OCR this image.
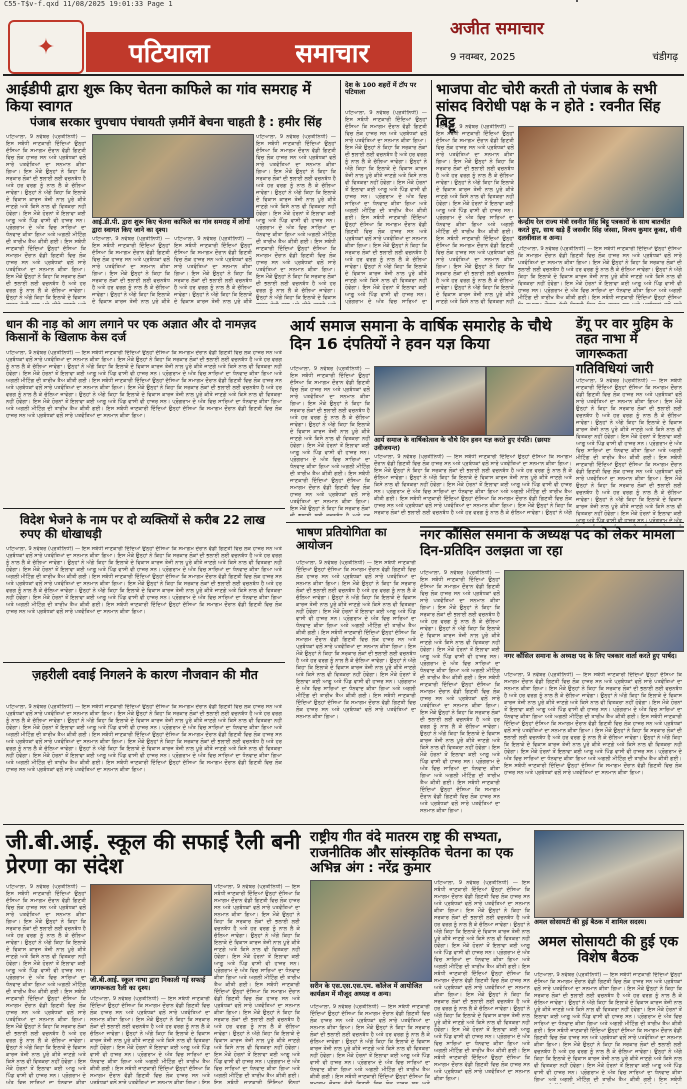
C55-T$v-f.qxd 11/08/2025 19:01:33 Page 1
✦	पटियाला	समाचार
अजीत समाचार
9 नवम्बर, 2025	चंडीगढ़
आईडीपी द्वारा शुरू किए चेतना काफिले का गांव समराह में किया स्वागत
पंजाब सरकार चुपचाप पंचायती ज़मीनें बेचना चाहती है : हमीर सिंह
ਪਟਿਆਲਾ, 9 ਨਵੰਬਰ (ਪ੍ਰਤੀਨਿਧੀ) — ਇਸ ਸਬੰਧੀ ਜਾਣਕਾਰੀ ਦਿੰਦਿਆਂ ਉਨ੍ਹਾਂ ਦੱਸਿਆ ਕਿ ਸਮਾਗਮ ਦੌਰਾਨ ਵੱਡੀ ਗਿਣਤੀ ਵਿਚ ਲੋਕ ਹਾਜ਼ਰ ਸਨ ਅਤੇ ਪ੍ਰਬੰਧਕਾਂ ਵਲੋਂ ਸਾਰੇ ਪਤਵੰਤਿਆਂ ਦਾ ਸਨਮਾਨ ਕੀਤਾ ਗਿਆ। ਇਸ ਮੌਕੇ ਉਨ੍ਹਾਂ ਨੇ ਕਿਹਾ ਕਿ ਸਰਕਾਰ ਲੋਕਾਂ ਦੀ ਭਲਾਈ ਲਈ ਵਚਨਬੱਧ ਹੈ ਅਤੇ ਹਰ ਵਰਗ ਨੂੰ ਨਾਲ ਲੈ ਕੇ ਚੱਲਿਆ ਜਾਵੇਗਾ। ਉਨ੍ਹਾਂ ਨੇ ਅੱਗੇ ਕਿਹਾ ਕਿ ਇਲਾਕੇ ਦੇ ਵਿਕਾਸ ਕਾਰਜ ਤੇਜ਼ੀ ਨਾਲ ਪੂਰੇ ਕੀਤੇ ਜਾਣਗੇ ਅਤੇ ਕਿਸੇ ਨਾਲ ਵੀ ਵਿਤਕਰਾ ਨਹੀਂ ਹੋਵੇਗਾ। ਇਸ ਮੌਕੇ ਹੋਰਨਾਂ ਤੋਂ ਇਲਾਵਾ ਕਈ ਆਗੂ ਅਤੇ ਪਿੰਡ ਵਾਸੀ ਵੀ ਹਾਜ਼ਰ ਸਨ। ਪ੍ਰੋਗਰਾਮ ਦੇ ਅੰਤ ਵਿਚ ਸਾਰਿਆਂ ਦਾ ਧੰਨਵਾਦ ਕੀਤਾ ਗਿਆ ਅਤੇ ਅਗਲੀ ਮੀਟਿੰਗ ਦੀ ਤਾਰੀਖ ਤੈਅ ਕੀਤੀ ਗਈ। ਇਸ ਸਬੰਧੀ ਜਾਣਕਾਰੀ ਦਿੰਦਿਆਂ ਉਨ੍ਹਾਂ ਦੱਸਿਆ ਕਿ ਸਮਾਗਮ ਦੌਰਾਨ ਵੱਡੀ ਗਿਣਤੀ ਵਿਚ ਲੋਕ ਹਾਜ਼ਰ ਸਨ ਅਤੇ ਪ੍ਰਬੰਧਕਾਂ ਵਲੋਂ ਸਾਰੇ ਪਤਵੰਤਿਆਂ ਦਾ ਸਨਮਾਨ ਕੀਤਾ ਗਿਆ। ਇਸ ਮੌਕੇ ਉਨ੍ਹਾਂ ਨੇ ਕਿਹਾ ਕਿ ਸਰਕਾਰ ਲੋਕਾਂ ਦੀ ਭਲਾਈ ਲਈ ਵਚਨਬੱਧ ਹੈ ਅਤੇ ਹਰ ਵਰਗ ਨੂੰ ਨਾਲ ਲੈ ਕੇ ਚੱਲਿਆ ਜਾਵੇਗਾ। ਉਨ੍ਹਾਂ ਨੇ ਅੱਗੇ ਕਿਹਾ ਕਿ ਇਲਾਕੇ ਦੇ ਵਿਕਾਸ ਕਾਰਜ ਤੇਜ਼ੀ ਨਾਲ ਪੂਰੇ ਕੀਤੇ ਜਾਣਗੇ ਅਤੇ ਕਿਸੇ ਨਾਲ ਵੀ ਵਿਤਕਰਾ ਨਹੀਂ ਹੋਵੇਗਾ। ਇਸ ਮੌਕੇ ਹੋਰਨਾਂ ਤੋਂ ਇਲਾਵਾ ਕਈ ਆਗੂ ਅਤੇ ਪਿੰਡ ਵਾਸੀ ਵੀ ਹਾਜ਼ਰ ਸਨ। ਪ੍ਰੋਗਰਾਮ ਦੇ ਅੰਤ ਵਿਚ ਸਾਰਿਆਂ ਦਾ ਧੰਨਵਾਦ ਕੀਤਾ ਗਿਆ ਅਤੇ ਅਗਲੀ ਮੀਟਿੰਗ ਦੀ ਤਾਰੀਖ ਤੈਅ ਕੀਤੀ ਗਈ। ਇਸ ਸਬੰਧੀ ਜਾਣਕਾਰੀ ਦਿੰਦਿਆਂ ਉਨ੍ਹਾਂ ਦੱਸਿਆ ਕਿ ਸਮਾਗਮ ਦੌਰਾਨ ਵੱਡੀ ਗਿਣਤੀ ਵਿਚ ਲੋਕ ਹਾਜ਼ਰ ਸਨ ਅਤੇ ਪ੍ਰਬੰਧਕਾਂ ਵਲੋਂ ਸਾਰੇ ਪਤਵੰਤਿਆਂ ਦਾ ਸਨਮਾਨ ਕੀਤਾ ਗਿਆ।
आई.डी.पी. द्वारा शुरू किए चेतना काफिले का गांव समराह में लोगों द्वारा स्वागत किए जाने का दृश्य।
ਪਟਿਆਲਾ, 9 ਨਵੰਬਰ (ਪ੍ਰਤੀਨਿਧੀ) — ਇਸ ਸਬੰਧੀ ਜਾਣਕਾਰੀ ਦਿੰਦਿਆਂ ਉਨ੍ਹਾਂ ਦੱਸਿਆ ਕਿ ਸਮਾਗਮ ਦੌਰਾਨ ਵੱਡੀ ਗਿਣਤੀ ਵਿਚ ਲੋਕ ਹਾਜ਼ਰ ਸਨ ਅਤੇ ਪ੍ਰਬੰਧਕਾਂ ਵਲੋਂ ਸਾਰੇ ਪਤਵੰਤਿਆਂ ਦਾ ਸਨਮਾਨ ਕੀਤਾ ਗਿਆ। ਇਸ ਮੌਕੇ ਉਨ੍ਹਾਂ ਨੇ ਕਿਹਾ ਕਿ ਸਰਕਾਰ ਲੋਕਾਂ ਦੀ ਭਲਾਈ ਲਈ ਵਚਨਬੱਧ ਹੈ ਅਤੇ ਹਰ ਵਰਗ ਨੂੰ ਨਾਲ ਲੈ ਕੇ ਚੱਲਿਆ ਜਾਵੇਗਾ। ਉਨ੍ਹਾਂ ਨੇ ਅੱਗੇ ਕਿਹਾ ਕਿ ਇਲਾਕੇ ਦੇ ਵਿਕਾਸ ਕਾਰਜ ਤੇਜ਼ੀ ਨਾਲ ਪੂਰੇ ਕੀਤੇ ਜਾਣਗੇ ਅਤੇ ਕਿਸੇ ਨਾਲ ਵੀ ਵਿਤਕਰਾ ਨਹੀਂ ਹੋਵੇਗਾ। ਇਸ ਮੌਕੇ ਹੋਰਨਾਂ ਤੋਂ ਇਲਾਵਾ ਕਈ ਆਗੂ ਅਤੇ ਪਿੰਡ ਵਾਸੀ ਵੀ ਹਾਜ਼ਰ ਸਨ। ਪ੍ਰੋਗਰਾਮ ਦੇ ਅੰਤ ਵਿਚ ਸਾਰਿਆਂ ਦਾ ਧੰਨਵਾਦ ਕੀਤਾ ਗਿਆ ਅਤੇ ਅਗਲੀ ਮੀਟਿੰਗ ਦੀ ਤਾਰੀਖ ਤੈਅ ਕੀਤੀ ਗਈ। ਇਸ ਸਬੰਧੀ ਜਾਣਕਾਰੀ ਦਿੰਦਿਆਂ ਉਨ੍ਹਾਂ ਦੱਸਿਆ ਕਿ ਸਮਾਗਮ ਦੌਰਾਨ ਵੱਡੀ ਗਿਣਤੀ ਵਿਚ ਲੋਕ ਹਾਜ਼ਰ ਸਨ ਅਤੇ ਪ੍ਰਬੰਧਕਾਂ ਵਲੋਂ ਸਾਰੇ ਪਤਵੰਤਿਆਂ ਦਾ ਸਨਮਾਨ ਕੀਤਾ ਗਿਆ। ਇਸ ਮੌਕੇ ਉਨ੍ਹਾਂ ਨੇ ਕਿਹਾ ਕਿ ਸਰਕਾਰ ਲੋਕਾਂ ਦੀ ਭਲਾਈ ਲਈ ਵਚਨਬੱਧ ਹੈ ਅਤੇ ਹਰ ਵਰਗ ਨੂੰ ਨਾਲ ਲੈ ਕੇ ਚੱਲਿਆ ਜਾਵੇਗਾ। ਉਨ੍ਹਾਂ ਨੇ ਅੱਗੇ ਕਿਹਾ ਕਿ ਇਲਾਕੇ ਦੇ ਵਿਕਾਸ ਕਾਰਜ ਤੇਜ਼ੀ ਨਾਲ ਪੂਰੇ ਕੀਤੇ ਜਾਣਗੇ ਅਤੇ ਕਿਸੇ ਨਾਲ ਵੀ ਵਿਤਕਰਾ ਨਹੀਂ ਹੋਵੇਗਾ। ਇਸ ਮੌਕੇ ਹੋਰਨਾਂ ਤੋਂ ਇਲਾਵਾ ਕਈ ਆਗੂ ਅਤੇ ਪਿੰਡ ਵਾਸੀ ਵੀ ਹਾਜ਼ਰ ਸਨ। ਪ੍ਰੋਗਰਾਮ ਦੇ ਅੰਤ ਵਿਚ ਸਾਰਿਆਂ ਦਾ ਧੰਨਵਾਦ ਕੀਤਾ ਗਿਆ ਅਤੇ ਅਗਲੀ ਮੀਟਿੰਗ ਦੀ ਤਾਰੀਖ ਤੈਅ ਕੀਤੀ ਗਈ। ਇਸ ਸਬੰਧੀ ਜਾਣਕਾਰੀ ਦਿੰਦਿਆਂ ਉਨ੍ਹਾਂ ਦੱਸਿਆ ਕਿ ਸਮਾਗਮ ਦੌਰਾਨ ਵੱਡੀ ਗਿਣਤੀ ਵਿਚ ਲੋਕ ਹਾਜ਼ਰ ਸਨ ਅਤੇ ਪ੍ਰਬੰਧਕਾਂ ਵਲੋਂ ਸਾਰੇ ਪਤਵੰਤਿਆਂ ਦਾ ਸਨਮਾਨ ਕੀਤਾ ਗਿਆ।
ਪਟਿਆਲਾ, 9 ਨਵੰਬਰ (ਪ੍ਰਤੀਨਿਧੀ) — ਇਸ ਸਬੰਧੀ ਜਾਣਕਾਰੀ ਦਿੰਦਿਆਂ ਉਨ੍ਹਾਂ ਦੱਸਿਆ ਕਿ ਸਮਾਗਮ ਦੌਰਾਨ ਵੱਡੀ ਗਿਣਤੀ ਵਿਚ ਲੋਕ ਹਾਜ਼ਰ ਸਨ ਅਤੇ ਪ੍ਰਬੰਧਕਾਂ ਵਲੋਂ ਸਾਰੇ ਪਤਵੰਤਿਆਂ ਦਾ ਸਨਮਾਨ ਕੀਤਾ ਗਿਆ। ਇਸ ਮੌਕੇ ਉਨ੍ਹਾਂ ਨੇ ਕਿਹਾ ਕਿ ਸਰਕਾਰ ਲੋਕਾਂ ਦੀ ਭਲਾਈ ਲਈ ਵਚਨਬੱਧ ਹੈ ਅਤੇ ਹਰ ਵਰਗ ਨੂੰ ਨਾਲ ਲੈ ਕੇ ਚੱਲਿਆ ਜਾਵੇਗਾ। ਉਨ੍ਹਾਂ ਨੇ ਅੱਗੇ ਕਿਹਾ ਕਿ ਇਲਾਕੇ ਦੇ ਵਿਕਾਸ ਕਾਰਜ ਤੇਜ਼ੀ ਨਾਲ ਪੂਰੇ ਕੀਤੇ ਜਾਣਗੇ ਅਤੇ ਕਿਸੇ ਨਾਲ ਵੀ ਵਿਤਕਰਾ ਨਹੀਂ ਹੋਵੇਗਾ। ਇਸ ਮੌਕੇ ਹੋਰਨਾਂ ਤੋਂ ਇਲਾਵਾ ਕਈ ਆਗੂ ਅਤੇ ਪਿੰਡ ਵਾਸੀ ਵੀ ਹਾਜ਼ਰ ਸਨ। ਪ੍ਰੋਗਰਾਮ ਦੇ ਅੰਤ ਵਿਚ ਸਾਰਿਆਂ ਦਾ ਧੰਨਵਾਦ ਕੀਤਾ ਗਿਆ ਅਤੇ ਅਗਲੀ ਮੀਟਿੰਗ ਦੀ ਤਾਰੀਖ ਤੈਅ ਕੀਤੀ ਗਈ। ਇਸ ਸਬੰਧੀ ਜਾਣਕਾਰੀ ਦਿੰਦਿਆਂ ਉਨ੍ਹਾਂ ਦੱਸਿਆ ਕਿ ਸਮਾਗਮ ਦੌਰਾਨ ਵੱਡੀ ਗਿਣਤੀ ਵਿਚ ਲੋਕ ਹਾਜ਼ਰ ਸਨ ਅਤੇ ਪ੍ਰਬੰਧਕਾਂ ਵਲੋਂ ਸਾਰੇ ਪਤਵੰਤਿਆਂ ਦਾ ਸਨਮਾਨ ਕੀਤਾ ਗਿਆ। ਇਸ ਮੌਕੇ ਉਨ੍ਹਾਂ ਨੇ ਕਿਹਾ ਕਿ ਸਰਕਾਰ ਲੋਕਾਂ ਦੀ ਭਲਾਈ ਲਈ ਵਚਨਬੱਧ ਹੈ ਅਤੇ ਹਰ ਵਰਗ ਨੂੰ ਨਾਲ ਲੈ ਕੇ ਚੱਲਿਆ ਜਾਵੇਗਾ। ਉਨ੍ਹਾਂ ਨੇ ਅੱਗੇ ਕਿਹਾ ਕਿ ਇਲਾਕੇ ਦੇ ਵਿਕਾਸ ਕਾਰਜ ਤੇਜ਼ੀ ਨਾਲ ਪੂਰੇ ਕੀਤੇ ਜਾਣਗੇ ਅਤੇ ਕਿਸੇ ਨਾਲ ਵੀ ਵਿਤਕਰਾ ਨਹੀਂ ਹੋਵੇਗਾ। ਇਸ ਮੌਕੇ ਹੋਰਨਾਂ ਤੋਂ ਇਲਾਵਾ ਕਈ ਆਗੂ ਅਤੇ ਪਿੰਡ ਵਾਸੀ ਵੀ ਹਾਜ਼ਰ ਸਨ। ਪ੍ਰੋਗਰਾਮ ਦੇ ਅੰਤ ਵਿਚ ਸਾਰਿਆਂ ਦਾ ਧੰਨਵਾਦ ਕੀਤਾ ਗਿਆ ਅਤੇ ਅਗਲੀ ਮੀਟਿੰਗ ਦੀ ਤਾਰੀਖ ਤੈਅ ਕੀਤੀ ਗਈ। ਇਸ ਸਬੰਧੀ ਜਾਣਕਾਰੀ ਦਿੰਦਿਆਂ ਉਨ੍ਹਾਂ ਦੱਸਿਆ ਕਿ ਸਮਾਗਮ ਦੌਰਾਨ ਵੱਡੀ ਗਿਣਤੀ ਵਿਚ ਲੋਕ ਹਾਜ਼ਰ ਸਨ ਅਤੇ ਪ੍ਰਬੰਧਕਾਂ ਵਲੋਂ ਸਾਰੇ ਪਤਵੰਤਿਆਂ ਦਾ ਸਨਮਾਨ ਕੀਤਾ ਗਿਆ।
ਪਟਿਆਲਾ, 9 ਨਵੰਬਰ (ਪ੍ਰਤੀਨਿਧੀ) — ਇਸ ਸਬੰਧੀ ਜਾਣਕਾਰੀ ਦਿੰਦਿਆਂ ਉਨ੍ਹਾਂ ਦੱਸਿਆ ਕਿ ਸਮਾਗਮ ਦੌਰਾਨ ਵੱਡੀ ਗਿਣਤੀ ਵਿਚ ਲੋਕ ਹਾਜ਼ਰ ਸਨ ਅਤੇ ਪ੍ਰਬੰਧਕਾਂ ਵਲੋਂ ਸਾਰੇ ਪਤਵੰਤਿਆਂ ਦਾ ਸਨਮਾਨ ਕੀਤਾ ਗਿਆ। ਇਸ ਮੌਕੇ ਉਨ੍ਹਾਂ ਨੇ ਕਿਹਾ ਕਿ ਸਰਕਾਰ ਲੋਕਾਂ ਦੀ ਭਲਾਈ ਲਈ ਵਚਨਬੱਧ ਹੈ ਅਤੇ ਹਰ ਵਰਗ ਨੂੰ ਨਾਲ ਲੈ ਕੇ ਚੱਲਿਆ ਜਾਵੇਗਾ। ਉਨ੍ਹਾਂ ਨੇ ਅੱਗੇ ਕਿਹਾ ਕਿ ਇਲਾਕੇ ਦੇ ਵਿਕਾਸ ਕਾਰਜ ਤੇਜ਼ੀ ਨਾਲ ਪੂਰੇ ਕੀਤੇ ਜਾਣਗੇ ਅਤੇ ਕਿਸੇ ਨਾਲ ਵੀ ਵਿਤਕਰਾ ਨਹੀਂ ਹੋਵੇਗਾ। ਇਸ ਮੌਕੇ ਹੋਰਨਾਂ ਤੋਂ ਇਲਾਵਾ ਕਈ ਆਗੂ ਅਤੇ ਪਿੰਡ ਵਾਸੀ ਵੀ ਹਾਜ਼ਰ ਸਨ। ਪ੍ਰੋਗਰਾਮ ਦੇ ਅੰਤ ਵਿਚ ਸਾਰਿਆਂ ਦਾ ਧੰਨਵਾਦ ਕੀਤਾ ਗਿਆ ਅਤੇ ਅਗਲੀ ਮੀਟਿੰਗ ਦੀ ਤਾਰੀਖ ਤੈਅ ਕੀਤੀ ਗਈ। ਇਸ ਸਬੰਧੀ ਜਾਣਕਾਰੀ ਦਿੰਦਿਆਂ ਉਨ੍ਹਾਂ ਦੱਸਿਆ ਕਿ ਸਮਾਗਮ ਦੌਰਾਨ ਵੱਡੀ ਗਿਣਤੀ ਵਿਚ ਲੋਕ ਹਾਜ਼ਰ ਸਨ ਅਤੇ ਪ੍ਰਬੰਧਕਾਂ ਵਲੋਂ ਸਾਰੇ ਪਤਵੰਤਿਆਂ ਦਾ ਸਨਮਾਨ ਕੀਤਾ ਗਿਆ। ਇਸ ਮੌਕੇ ਉਨ੍ਹਾਂ ਨੇ ਕਿਹਾ ਕਿ ਸਰਕਾਰ ਲੋਕਾਂ ਦੀ ਭਲਾਈ ਲਈ ਵਚਨਬੱਧ ਹੈ ਅਤੇ ਹਰ ਵਰਗ ਨੂੰ ਨਾਲ ਲੈ ਕੇ ਚੱਲਿਆ ਜਾਵੇਗਾ। ਉਨ੍ਹਾਂ ਨੇ ਅੱਗੇ ਕਿਹਾ ਕਿ ਇਲਾਕੇ ਦੇ ਵਿਕਾਸ ਕਾਰਜ ਤੇਜ਼ੀ ਨਾਲ ਪੂਰੇ ਕੀਤੇ ਜਾਣਗੇ ਅਤੇ ਕਿਸੇ ਨਾਲ ਵੀ ਵਿਤਕਰਾ ਨਹੀਂ ਹੋਵੇਗਾ। ਇਸ ਮੌਕੇ ਹੋਰਨਾਂ ਤੋਂ ਇਲਾਵਾ ਕਈ ਆਗੂ ਅਤੇ ਪਿੰਡ ਵਾਸੀ ਵੀ ਹਾਜ਼ਰ ਸਨ। ਪ੍ਰੋਗਰਾਮ ਦੇ ਅੰਤ ਵਿਚ ਸਾਰਿਆਂ ਦਾ ਧੰਨਵਾਦ ਕੀਤਾ ਗਿਆ ਅਤੇ ਅਗਲੀ ਮੀਟਿੰਗ ਦੀ ਤਾਰੀਖ ਤੈਅ ਕੀਤੀ ਗਈ। ਇਸ ਸਬੰਧੀ ਜਾਣਕਾਰੀ ਦਿੰਦਿਆਂ ਉਨ੍ਹਾਂ ਦੱਸਿਆ ਕਿ ਸਮਾਗਮ ਦੌਰਾਨ ਵੱਡੀ ਗਿਣਤੀ ਵਿਚ ਲੋਕ ਹਾਜ਼ਰ ਸਨ ਅਤੇ ਪ੍ਰਬੰਧਕਾਂ ਵਲੋਂ ਸਾਰੇ ਪਤਵੰਤਿਆਂ ਦਾ ਸਨਮਾਨ ਕੀਤਾ ਗਿਆ।
देश के 100 शहरों में टॉप पर पटियाला
ਪਟਿਆਲਾ, 9 ਨਵੰਬਰ (ਪ੍ਰਤੀਨਿਧੀ) — ਇਸ ਸਬੰਧੀ ਜਾਣਕਾਰੀ ਦਿੰਦਿਆਂ ਉਨ੍ਹਾਂ ਦੱਸਿਆ ਕਿ ਸਮਾਗਮ ਦੌਰਾਨ ਵੱਡੀ ਗਿਣਤੀ ਵਿਚ ਲੋਕ ਹਾਜ਼ਰ ਸਨ ਅਤੇ ਪ੍ਰਬੰਧਕਾਂ ਵਲੋਂ ਸਾਰੇ ਪਤਵੰਤਿਆਂ ਦਾ ਸਨਮਾਨ ਕੀਤਾ ਗਿਆ। ਇਸ ਮੌਕੇ ਉਨ੍ਹਾਂ ਨੇ ਕਿਹਾ ਕਿ ਸਰਕਾਰ ਲੋਕਾਂ ਦੀ ਭਲਾਈ ਲਈ ਵਚਨਬੱਧ ਹੈ ਅਤੇ ਹਰ ਵਰਗ ਨੂੰ ਨਾਲ ਲੈ ਕੇ ਚੱਲਿਆ ਜਾਵੇਗਾ। ਉਨ੍ਹਾਂ ਨੇ ਅੱਗੇ ਕਿਹਾ ਕਿ ਇਲਾਕੇ ਦੇ ਵਿਕਾਸ ਕਾਰਜ ਤੇਜ਼ੀ ਨਾਲ ਪੂਰੇ ਕੀਤੇ ਜਾਣਗੇ ਅਤੇ ਕਿਸੇ ਨਾਲ ਵੀ ਵਿਤਕਰਾ ਨਹੀਂ ਹੋਵੇਗਾ। ਇਸ ਮੌਕੇ ਹੋਰਨਾਂ ਤੋਂ ਇਲਾਵਾ ਕਈ ਆਗੂ ਅਤੇ ਪਿੰਡ ਵਾਸੀ ਵੀ ਹਾਜ਼ਰ ਸਨ। ਪ੍ਰੋਗਰਾਮ ਦੇ ਅੰਤ ਵਿਚ ਸਾਰਿਆਂ ਦਾ ਧੰਨਵਾਦ ਕੀਤਾ ਗਿਆ ਅਤੇ ਅਗਲੀ ਮੀਟਿੰਗ ਦੀ ਤਾਰੀਖ ਤੈਅ ਕੀਤੀ ਗਈ। ਇਸ ਸਬੰਧੀ ਜਾਣਕਾਰੀ ਦਿੰਦਿਆਂ ਉਨ੍ਹਾਂ ਦੱਸਿਆ ਕਿ ਸਮਾਗਮ ਦੌਰਾਨ ਵੱਡੀ ਗਿਣਤੀ ਵਿਚ ਲੋਕ ਹਾਜ਼ਰ ਸਨ ਅਤੇ ਪ੍ਰਬੰਧਕਾਂ ਵਲੋਂ ਸਾਰੇ ਪਤਵੰਤਿਆਂ ਦਾ ਸਨਮਾਨ ਕੀਤਾ ਗਿਆ। ਇਸ ਮੌਕੇ ਉਨ੍ਹਾਂ ਨੇ ਕਿਹਾ ਕਿ ਸਰਕਾਰ ਲੋਕਾਂ ਦੀ ਭਲਾਈ ਲਈ ਵਚਨਬੱਧ ਹੈ ਅਤੇ ਹਰ ਵਰਗ ਨੂੰ ਨਾਲ ਲੈ ਕੇ ਚੱਲਿਆ ਜਾਵੇਗਾ। ਉਨ੍ਹਾਂ ਨੇ ਅੱਗੇ ਕਿਹਾ ਕਿ ਇਲਾਕੇ ਦੇ ਵਿਕਾਸ ਕਾਰਜ ਤੇਜ਼ੀ ਨਾਲ ਪੂਰੇ ਕੀਤੇ ਜਾਣਗੇ ਅਤੇ ਕਿਸੇ ਨਾਲ ਵੀ ਵਿਤਕਰਾ ਨਹੀਂ ਹੋਵੇਗਾ। ਇਸ ਮੌਕੇ ਹੋਰਨਾਂ ਤੋਂ ਇਲਾਵਾ ਕਈ ਆਗੂ ਅਤੇ ਪਿੰਡ ਵਾਸੀ ਵੀ ਹਾਜ਼ਰ ਸਨ। ਪ੍ਰੋਗਰਾਮ ਦੇ ਅੰਤ ਵਿਚ ਸਾਰਿਆਂ ਦਾ ਧੰਨਵਾਦ ਕੀਤਾ ਗਿਆ ਅਤੇ ਅਗਲੀ ਮੀਟਿੰਗ ਦੀ ਤਾਰੀਖ ਤੈਅ ਕੀਤੀ ਗਈ। ਇਸ ਸਬੰਧੀ ਜਾਣਕਾਰੀ ਦਿੰਦਿਆਂ ਉਨ੍ਹਾਂ ਦੱਸਿਆ ਕਿ ਸਮਾਗਮ ਦੌਰਾਨ ਵੱਡੀ ਗਿਣਤੀ ਵਿਚ ਲੋਕ ਹਾਜ਼ਰ ਸਨ ਅਤੇ ਪ੍ਰਬੰਧਕਾਂ ਵਲੋਂ ਸਾਰੇ ਪਤਵੰਤਿਆਂ ਦਾ ਸਨਮਾਨ ਕੀਤਾ ਗਿਆ।	भाजपा वोट चोरी करती तो पंजाब के सभी सांसद विरोधी पक्ष के न होते : रवनीत सिंह बिट्टू
ਪਟਿਆਲਾ, 9 ਨਵੰਬਰ (ਪ੍ਰਤੀਨਿਧੀ) — ਇਸ ਸਬੰਧੀ ਜਾਣਕਾਰੀ ਦਿੰਦਿਆਂ ਉਨ੍ਹਾਂ ਦੱਸਿਆ ਕਿ ਸਮਾਗਮ ਦੌਰਾਨ ਵੱਡੀ ਗਿਣਤੀ ਵਿਚ ਲੋਕ ਹਾਜ਼ਰ ਸਨ ਅਤੇ ਪ੍ਰਬੰਧਕਾਂ ਵਲੋਂ ਸਾਰੇ ਪਤਵੰਤਿਆਂ ਦਾ ਸਨਮਾਨ ਕੀਤਾ ਗਿਆ। ਇਸ ਮੌਕੇ ਉਨ੍ਹਾਂ ਨੇ ਕਿਹਾ ਕਿ ਸਰਕਾਰ ਲੋਕਾਂ ਦੀ ਭਲਾਈ ਲਈ ਵਚਨਬੱਧ ਹੈ ਅਤੇ ਹਰ ਵਰਗ ਨੂੰ ਨਾਲ ਲੈ ਕੇ ਚੱਲਿਆ ਜਾਵੇਗਾ। ਉਨ੍ਹਾਂ ਨੇ ਅੱਗੇ ਕਿਹਾ ਕਿ ਇਲਾਕੇ ਦੇ ਵਿਕਾਸ ਕਾਰਜ ਤੇਜ਼ੀ ਨਾਲ ਪੂਰੇ ਕੀਤੇ ਜਾਣਗੇ ਅਤੇ ਕਿਸੇ ਨਾਲ ਵੀ ਵਿਤਕਰਾ ਨਹੀਂ ਹੋਵੇਗਾ। ਇਸ ਮੌਕੇ ਹੋਰਨਾਂ ਤੋਂ ਇਲਾਵਾ ਕਈ ਆਗੂ ਅਤੇ ਪਿੰਡ ਵਾਸੀ ਵੀ ਹਾਜ਼ਰ ਸਨ। ਪ੍ਰੋਗਰਾਮ ਦੇ ਅੰਤ ਵਿਚ ਸਾਰਿਆਂ ਦਾ ਧੰਨਵਾਦ ਕੀਤਾ ਗਿਆ ਅਤੇ ਅਗਲੀ ਮੀਟਿੰਗ ਦੀ ਤਾਰੀਖ ਤੈਅ ਕੀਤੀ ਗਈ। ਇਸ ਸਬੰਧੀ ਜਾਣਕਾਰੀ ਦਿੰਦਿਆਂ ਉਨ੍ਹਾਂ ਦੱਸਿਆ ਕਿ ਸਮਾਗਮ ਦੌਰਾਨ ਵੱਡੀ ਗਿਣਤੀ ਵਿਚ ਲੋਕ ਹਾਜ਼ਰ ਸਨ ਅਤੇ ਪ੍ਰਬੰਧਕਾਂ ਵਲੋਂ ਸਾਰੇ ਪਤਵੰਤਿਆਂ ਦਾ ਸਨਮਾਨ ਕੀਤਾ ਗਿਆ। ਇਸ ਮੌਕੇ ਉਨ੍ਹਾਂ ਨੇ ਕਿਹਾ ਕਿ ਸਰਕਾਰ ਲੋਕਾਂ ਦੀ ਭਲਾਈ ਲਈ ਵਚਨਬੱਧ ਹੈ ਅਤੇ ਹਰ ਵਰਗ ਨੂੰ ਨਾਲ ਲੈ ਕੇ ਚੱਲਿਆ ਜਾਵੇਗਾ। ਉਨ੍ਹਾਂ ਨੇ ਅੱਗੇ ਕਿਹਾ ਕਿ ਇਲਾਕੇ ਦੇ ਵਿਕਾਸ ਕਾਰਜ ਤੇਜ਼ੀ ਨਾਲ ਪੂਰੇ ਕੀਤੇ ਜਾਣਗੇ ਅਤੇ ਕਿਸੇ ਨਾਲ ਵੀ ਵਿਤਕਰਾ ਨਹੀਂ ਹੋਵੇਗਾ। ਇਸ ਮੌਕੇ ਹੋਰਨਾਂ ਤੋਂ ਇਲਾਵਾ ਕਈ ਆਗੂ ਅਤੇ ਪਿੰਡ ਵਾਸੀ ਵੀ ਹਾਜ਼ਰ ਸਨ। ਪ੍ਰੋਗਰਾਮ ਦੇ ਅੰਤ ਵਿਚ ਸਾਰਿਆਂ ਦਾ ਧੰਨਵਾਦ ਕੀਤਾ ਗਿਆ ਅਤੇ ਅਗਲੀ ਮੀਟਿੰਗ ਦੀ ਤਾਰੀਖ ਤੈਅ ਕੀਤੀ ਗਈ। ਇਸ ਸਬੰਧੀ ਜਾਣਕਾਰੀ ਦਿੰਦਿਆਂ ਉਨ੍ਹਾਂ ਦੱਸਿਆ ਕਿ ਸਮਾਗਮ ਦੌਰਾਨ ਵੱਡੀ ਗਿਣਤੀ ਵਿਚ ਲੋਕ ਹਾਜ਼ਰ ਸਨ ਅਤੇ ਪ੍ਰਬੰਧਕਾਂ ਵਲੋਂ ਸਾਰੇ ਪਤਵੰਤਿਆਂ ਦਾ ਸਨਮਾਨ ਕੀਤਾ ਗਿਆ।
केन्द्रीय रेल राज्य मंत्री रवनीत सिंह बिट्टू पत्रकारों के साथ बातचीत करते हुए, साथ खड़े हैं जसवीर सिंह जस्सा, विजय कुमार कूका, सीनी दलवीवाल व अन्य।
ਪਟਿਆਲਾ, 9 ਨਵੰਬਰ (ਪ੍ਰਤੀਨਿਧੀ) — ਇਸ ਸਬੰਧੀ ਜਾਣਕਾਰੀ ਦਿੰਦਿਆਂ ਉਨ੍ਹਾਂ ਦੱਸਿਆ ਕਿ ਸਮਾਗਮ ਦੌਰਾਨ ਵੱਡੀ ਗਿਣਤੀ ਵਿਚ ਲੋਕ ਹਾਜ਼ਰ ਸਨ ਅਤੇ ਪ੍ਰਬੰਧਕਾਂ ਵਲੋਂ ਸਾਰੇ ਪਤਵੰਤਿਆਂ ਦਾ ਸਨਮਾਨ ਕੀਤਾ ਗਿਆ। ਇਸ ਮੌਕੇ ਉਨ੍ਹਾਂ ਨੇ ਕਿਹਾ ਕਿ ਸਰਕਾਰ ਲੋਕਾਂ ਦੀ ਭਲਾਈ ਲਈ ਵਚਨਬੱਧ ਹੈ ਅਤੇ ਹਰ ਵਰਗ ਨੂੰ ਨਾਲ ਲੈ ਕੇ ਚੱਲਿਆ ਜਾਵੇਗਾ। ਉਨ੍ਹਾਂ ਨੇ ਅੱਗੇ ਕਿਹਾ ਕਿ ਇਲਾਕੇ ਦੇ ਵਿਕਾਸ ਕਾਰਜ ਤੇਜ਼ੀ ਨਾਲ ਪੂਰੇ ਕੀਤੇ ਜਾਣਗੇ ਅਤੇ ਕਿਸੇ ਨਾਲ ਵੀ ਵਿਤਕਰਾ ਨਹੀਂ ਹੋਵੇਗਾ। ਇਸ ਮੌਕੇ ਹੋਰਨਾਂ ਤੋਂ ਇਲਾਵਾ ਕਈ ਆਗੂ ਅਤੇ ਪਿੰਡ ਵਾਸੀ ਵੀ ਹਾਜ਼ਰ ਸਨ। ਪ੍ਰੋਗਰਾਮ ਦੇ ਅੰਤ ਵਿਚ ਸਾਰਿਆਂ ਦਾ ਧੰਨਵਾਦ ਕੀਤਾ ਗਿਆ ਅਤੇ ਅਗਲੀ ਮੀਟਿੰਗ ਦੀ ਤਾਰੀਖ ਤੈਅ ਕੀਤੀ ਗਈ। ਇਸ ਸਬੰਧੀ ਜਾਣਕਾਰੀ ਦਿੰਦਿਆਂ ਉਨ੍ਹਾਂ ਦੱਸਿਆ ਕਿ ਸਮਾਗਮ ਦੌਰਾਨ ਵੱਡੀ ਗਿਣਤੀ ਵਿਚ ਲੋਕ ਹਾਜ਼ਰ ਸਨ ਅਤੇ ਪ੍ਰਬੰਧਕਾਂ ਵਲੋਂ ਸਾਰੇ ਪਤਵੰਤਿਆਂ ਦਾ ਸਨਮਾਨ ਕੀਤਾ ਗਿਆ। ਇਸ ਮੌਕੇ ਉਨ੍ਹਾਂ ਨੇ ਕਿਹਾ ਕਿ ਸਰਕਾਰ ਲੋਕਾਂ ਦੀ ਭਲਾਈ ਲਈ ਵਚਨਬੱਧ ਹੈ ਅਤੇ ਹਰ ਵਰਗ ਨੂੰ ਨਾਲ ਲੈ ਕੇ ਚੱਲਿਆ ਜਾਵੇਗਾ। ਉਨ੍ਹਾਂ ਨੇ ਅੱਗੇ ਕਿਹਾ ਕਿ ਇਲਾਕੇ ਦੇ ਵਿਕਾਸ ਕਾਰਜ ਤੇਜ਼ੀ ਨਾਲ ਪੂਰੇ ਕੀਤੇ ਜਾਣਗੇ ਅਤੇ ਕਿਸੇ ਨਾਲ ਵੀ ਵਿਤਕਰਾ ਨਹੀਂ ਹੋਵੇਗਾ। ਇਸ ਮੌਕੇ ਹੋਰਨਾਂ ਤੋਂ ਇਲਾਵਾ ਕਈ ਆਗੂ ਅਤੇ ਪਿੰਡ ਵਾਸੀ ਵੀ ਹਾਜ਼ਰ ਸਨ। ਪ੍ਰੋਗਰਾਮ ਦੇ ਅੰਤ ਵਿਚ ਸਾਰਿਆਂ ਦਾ ਧੰਨਵਾਦ ਕੀਤਾ ਗਿਆ ਅਤੇ ਅਗਲੀ ਮੀਟਿੰਗ ਦੀ ਤਾਰੀਖ ਤੈਅ ਕੀਤੀ ਗਈ। ਇਸ ਸਬੰਧੀ ਜਾਣਕਾਰੀ ਦਿੰਦਿਆਂ ਉਨ੍ਹਾਂ ਦੱਸਿਆ ਕਿ ਸਮਾਗਮ ਦੌਰਾਨ ਵੱਡੀ ਗਿਣਤੀ ਵਿਚ ਲੋਕ ਹਾਜ਼ਰ ਸਨ ਅਤੇ ਪ੍ਰਬੰਧਕਾਂ ਵਲੋਂ ਸਾਰੇ ਪਤਵੰਤਿਆਂ ਦਾ ਸਨਮਾਨ ਕੀਤਾ ਗਿਆ।
धान की नाड़ को आग लगाने पर एक अज्ञात और दो नामज़द किसानों के खिलाफ केस दर्ज
ਪਟਿਆਲਾ, 9 ਨਵੰਬਰ (ਪ੍ਰਤੀਨਿਧੀ) — ਇਸ ਸਬੰਧੀ ਜਾਣਕਾਰੀ ਦਿੰਦਿਆਂ ਉਨ੍ਹਾਂ ਦੱਸਿਆ ਕਿ ਸਮਾਗਮ ਦੌਰਾਨ ਵੱਡੀ ਗਿਣਤੀ ਵਿਚ ਲੋਕ ਹਾਜ਼ਰ ਸਨ ਅਤੇ ਪ੍ਰਬੰਧਕਾਂ ਵਲੋਂ ਸਾਰੇ ਪਤਵੰਤਿਆਂ ਦਾ ਸਨਮਾਨ ਕੀਤਾ ਗਿਆ। ਇਸ ਮੌਕੇ ਉਨ੍ਹਾਂ ਨੇ ਕਿਹਾ ਕਿ ਸਰਕਾਰ ਲੋਕਾਂ ਦੀ ਭਲਾਈ ਲਈ ਵਚਨਬੱਧ ਹੈ ਅਤੇ ਹਰ ਵਰਗ ਨੂੰ ਨਾਲ ਲੈ ਕੇ ਚੱਲਿਆ ਜਾਵੇਗਾ। ਉਨ੍ਹਾਂ ਨੇ ਅੱਗੇ ਕਿਹਾ ਕਿ ਇਲਾਕੇ ਦੇ ਵਿਕਾਸ ਕਾਰਜ ਤੇਜ਼ੀ ਨਾਲ ਪੂਰੇ ਕੀਤੇ ਜਾਣਗੇ ਅਤੇ ਕਿਸੇ ਨਾਲ ਵੀ ਵਿਤਕਰਾ ਨਹੀਂ ਹੋਵੇਗਾ। ਇਸ ਮੌਕੇ ਹੋਰਨਾਂ ਤੋਂ ਇਲਾਵਾ ਕਈ ਆਗੂ ਅਤੇ ਪਿੰਡ ਵਾਸੀ ਵੀ ਹਾਜ਼ਰ ਸਨ। ਪ੍ਰੋਗਰਾਮ ਦੇ ਅੰਤ ਵਿਚ ਸਾਰਿਆਂ ਦਾ ਧੰਨਵਾਦ ਕੀਤਾ ਗਿਆ ਅਤੇ ਅਗਲੀ ਮੀਟਿੰਗ ਦੀ ਤਾਰੀਖ ਤੈਅ ਕੀਤੀ ਗਈ। ਇਸ ਸਬੰਧੀ ਜਾਣਕਾਰੀ ਦਿੰਦਿਆਂ ਉਨ੍ਹਾਂ ਦੱਸਿਆ ਕਿ ਸਮਾਗਮ ਦੌਰਾਨ ਵੱਡੀ ਗਿਣਤੀ ਵਿਚ ਲੋਕ ਹਾਜ਼ਰ ਸਨ ਅਤੇ ਪ੍ਰਬੰਧਕਾਂ ਵਲੋਂ ਸਾਰੇ ਪਤਵੰਤਿਆਂ ਦਾ ਸਨਮਾਨ ਕੀਤਾ ਗਿਆ। ਇਸ ਮੌਕੇ ਉਨ੍ਹਾਂ ਨੇ ਕਿਹਾ ਕਿ ਸਰਕਾਰ ਲੋਕਾਂ ਦੀ ਭਲਾਈ ਲਈ ਵਚਨਬੱਧ ਹੈ ਅਤੇ ਹਰ ਵਰਗ ਨੂੰ ਨਾਲ ਲੈ ਕੇ ਚੱਲਿਆ ਜਾਵੇਗਾ। ਉਨ੍ਹਾਂ ਨੇ ਅੱਗੇ ਕਿਹਾ ਕਿ ਇਲਾਕੇ ਦੇ ਵਿਕਾਸ ਕਾਰਜ ਤੇਜ਼ੀ ਨਾਲ ਪੂਰੇ ਕੀਤੇ ਜਾਣਗੇ ਅਤੇ ਕਿਸੇ ਨਾਲ ਵੀ ਵਿਤਕਰਾ ਨਹੀਂ ਹੋਵੇਗਾ। ਇਸ ਮੌਕੇ ਹੋਰਨਾਂ ਤੋਂ ਇਲਾਵਾ ਕਈ ਆਗੂ ਅਤੇ ਪਿੰਡ ਵਾਸੀ ਵੀ ਹਾਜ਼ਰ ਸਨ। ਪ੍ਰੋਗਰਾਮ ਦੇ ਅੰਤ ਵਿਚ ਸਾਰਿਆਂ ਦਾ ਧੰਨਵਾਦ ਕੀਤਾ ਗਿਆ ਅਤੇ ਅਗਲੀ ਮੀਟਿੰਗ ਦੀ ਤਾਰੀਖ ਤੈਅ ਕੀਤੀ ਗਈ। ਇਸ ਸਬੰਧੀ ਜਾਣਕਾਰੀ ਦਿੰਦਿਆਂ ਉਨ੍ਹਾਂ ਦੱਸਿਆ ਕਿ ਸਮਾਗਮ ਦੌਰਾਨ ਵੱਡੀ ਗਿਣਤੀ ਵਿਚ ਲੋਕ ਹਾਜ਼ਰ ਸਨ ਅਤੇ ਪ੍ਰਬੰਧਕਾਂ ਵਲੋਂ ਸਾਰੇ ਪਤਵੰਤਿਆਂ ਦਾ ਸਨਮਾਨ ਕੀਤਾ ਗਿਆ।
आर्य समाज समाना के वार्षिक समारोह के चौथे दिन 16 दंपतियों ने हवन यज्ञ किया
ਪਟਿਆਲਾ, 9 ਨਵੰਬਰ (ਪ੍ਰਤੀਨਿਧੀ) — ਇਸ ਸਬੰਧੀ ਜਾਣਕਾਰੀ ਦਿੰਦਿਆਂ ਉਨ੍ਹਾਂ ਦੱਸਿਆ ਕਿ ਸਮਾਗਮ ਦੌਰਾਨ ਵੱਡੀ ਗਿਣਤੀ ਵਿਚ ਲੋਕ ਹਾਜ਼ਰ ਸਨ ਅਤੇ ਪ੍ਰਬੰਧਕਾਂ ਵਲੋਂ ਸਾਰੇ ਪਤਵੰਤਿਆਂ ਦਾ ਸਨਮਾਨ ਕੀਤਾ ਗਿਆ। ਇਸ ਮੌਕੇ ਉਨ੍ਹਾਂ ਨੇ ਕਿਹਾ ਕਿ ਸਰਕਾਰ ਲੋਕਾਂ ਦੀ ਭਲਾਈ ਲਈ ਵਚਨਬੱਧ ਹੈ ਅਤੇ ਹਰ ਵਰਗ ਨੂੰ ਨਾਲ ਲੈ ਕੇ ਚੱਲਿਆ ਜਾਵੇਗਾ। ਉਨ੍ਹਾਂ ਨੇ ਅੱਗੇ ਕਿਹਾ ਕਿ ਇਲਾਕੇ ਦੇ ਵਿਕਾਸ ਕਾਰਜ ਤੇਜ਼ੀ ਨਾਲ ਪੂਰੇ ਕੀਤੇ ਜਾਣਗੇ ਅਤੇ ਕਿਸੇ ਨਾਲ ਵੀ ਵਿਤਕਰਾ ਨਹੀਂ ਹੋਵੇਗਾ। ਇਸ ਮੌਕੇ ਹੋਰਨਾਂ ਤੋਂ ਇਲਾਵਾ ਕਈ ਆਗੂ ਅਤੇ ਪਿੰਡ ਵਾਸੀ ਵੀ ਹਾਜ਼ਰ ਸਨ। ਪ੍ਰੋਗਰਾਮ ਦੇ ਅੰਤ ਵਿਚ ਸਾਰਿਆਂ ਦਾ ਧੰਨਵਾਦ ਕੀਤਾ ਗਿਆ ਅਤੇ ਅਗਲੀ ਮੀਟਿੰਗ ਦੀ ਤਾਰੀਖ ਤੈਅ ਕੀਤੀ ਗਈ। ਇਸ ਸਬੰਧੀ ਜਾਣਕਾਰੀ ਦਿੰਦਿਆਂ ਉਨ੍ਹਾਂ ਦੱਸਿਆ ਕਿ ਸਮਾਗਮ ਦੌਰਾਨ ਵੱਡੀ ਗਿਣਤੀ ਵਿਚ ਲੋਕ ਹਾਜ਼ਰ ਸਨ ਅਤੇ ਪ੍ਰਬੰਧਕਾਂ ਵਲੋਂ ਸਾਰੇ ਪਤਵੰਤਿਆਂ ਦਾ ਸਨਮਾਨ ਕੀਤਾ ਗਿਆ। ਇਸ ਮੌਕੇ ਉਨ੍ਹਾਂ ਨੇ ਕਿਹਾ ਕਿ ਸਰਕਾਰ ਲੋਕਾਂ ਦੀ ਭਲਾਈ ਲਈ ਵਚਨਬੱਧ ਹੈ ਅਤੇ ਹਰ ਵਰਗ ਨੂੰ ਨਾਲ ਲੈ ਕੇ ਚੱਲਿਆ ਜਾਵੇਗਾ। ਉਨ੍ਹਾਂ ਨੇ ਅੱਗੇ ਕਿਹਾ ਕਿ ਇਲਾਕੇ ਦੇ ਵਿਕਾਸ ਕਾਰਜ ਤੇਜ਼ੀ ਨਾਲ ਪੂਰੇ ਕੀਤੇ ਜਾਣਗੇ ਅਤੇ ਕਿਸੇ ਨਾਲ ਵੀ ਵਿਤਕਰਾ ਨਹੀਂ ਹੋਵੇਗਾ। ਇਸ ਮੌਕੇ ਹੋਰਨਾਂ ਤੋਂ ਇਲਾਵਾ ਕਈ ਆਗੂ ਅਤੇ ਪਿੰਡ ਵਾਸੀ ਵੀ ਹਾਜ਼ਰ ਸਨ। ਪ੍ਰੋਗਰਾਮ ਦੇ ਅੰਤ ਵਿਚ ਸਾਰਿਆਂ ਦਾ ਧੰਨਵਾਦ ਕੀਤਾ ਗਿਆ ਅਤੇ ਅਗਲੀ ਮੀਟਿੰਗ ਦੀ ਤਾਰੀਖ ਤੈਅ ਕੀਤੀ ਗਈ। ਇਸ ਸਬੰਧੀ ਜਾਣਕਾਰੀ ਦਿੰਦਿਆਂ ਉਨ੍ਹਾਂ ਦੱਸਿਆ ਕਿ ਸਮਾਗਮ ਦੌਰਾਨ ਵੱਡੀ ਗਿਣਤੀ ਵਿਚ ਲੋਕ ਹਾਜ਼ਰ ਸਨ ਅਤੇ ਪ੍ਰਬੰਧਕਾਂ ਵਲੋਂ ਸਾਰੇ ਪਤਵੰਤਿਆਂ ਦਾ ਸਨਮਾਨ ਕੀਤਾ ਗਿਆ।
आर्य समाज के वार्षिकोत्सव के चौथे दिन हवन यज्ञ करते हुए दंपति। (छायाः उवीजयन्त)
ਪਟਿਆਲਾ, 9 ਨਵੰਬਰ (ਪ੍ਰਤੀਨਿਧੀ) — ਇਸ ਸਬੰਧੀ ਜਾਣਕਾਰੀ ਦਿੰਦਿਆਂ ਉਨ੍ਹਾਂ ਦੱਸਿਆ ਕਿ ਸਮਾਗਮ ਦੌਰਾਨ ਵੱਡੀ ਗਿਣਤੀ ਵਿਚ ਲੋਕ ਹਾਜ਼ਰ ਸਨ ਅਤੇ ਪ੍ਰਬੰਧਕਾਂ ਵਲੋਂ ਸਾਰੇ ਪਤਵੰਤਿਆਂ ਦਾ ਸਨਮਾਨ ਕੀਤਾ ਗਿਆ। ਇਸ ਮੌਕੇ ਉਨ੍ਹਾਂ ਨੇ ਕਿਹਾ ਕਿ ਸਰਕਾਰ ਲੋਕਾਂ ਦੀ ਭਲਾਈ ਲਈ ਵਚਨਬੱਧ ਹੈ ਅਤੇ ਹਰ ਵਰਗ ਨੂੰ ਨਾਲ ਲੈ ਕੇ ਚੱਲਿਆ ਜਾਵੇਗਾ। ਉਨ੍ਹਾਂ ਨੇ ਅੱਗੇ ਕਿਹਾ ਕਿ ਇਲਾਕੇ ਦੇ ਵਿਕਾਸ ਕਾਰਜ ਤੇਜ਼ੀ ਨਾਲ ਪੂਰੇ ਕੀਤੇ ਜਾਣਗੇ ਅਤੇ ਕਿਸੇ ਨਾਲ ਵੀ ਵਿਤਕਰਾ ਨਹੀਂ ਹੋਵੇਗਾ। ਇਸ ਮੌਕੇ ਹੋਰਨਾਂ ਤੋਂ ਇਲਾਵਾ ਕਈ ਆਗੂ ਅਤੇ ਪਿੰਡ ਵਾਸੀ ਵੀ ਹਾਜ਼ਰ ਸਨ। ਪ੍ਰੋਗਰਾਮ ਦੇ ਅੰਤ ਵਿਚ ਸਾਰਿਆਂ ਦਾ ਧੰਨਵਾਦ ਕੀਤਾ ਗਿਆ ਅਤੇ ਅਗਲੀ ਮੀਟਿੰਗ ਦੀ ਤਾਰੀਖ ਤੈਅ ਕੀਤੀ ਗਈ। ਇਸ ਸਬੰਧੀ ਜਾਣਕਾਰੀ ਦਿੰਦਿਆਂ ਉਨ੍ਹਾਂ ਦੱਸਿਆ ਕਿ ਸਮਾਗਮ ਦੌਰਾਨ ਵੱਡੀ ਗਿਣਤੀ ਵਿਚ ਲੋਕ ਹਾਜ਼ਰ ਸਨ ਅਤੇ ਪ੍ਰਬੰਧਕਾਂ ਵਲੋਂ ਸਾਰੇ ਪਤਵੰਤਿਆਂ ਦਾ ਸਨਮਾਨ ਕੀਤਾ ਗਿਆ। ਇਸ ਮੌਕੇ ਉਨ੍ਹਾਂ ਨੇ ਕਿਹਾ ਕਿ ਸਰਕਾਰ ਲੋਕਾਂ ਦੀ ਭਲਾਈ ਲਈ ਵਚਨਬੱਧ ਹੈ ਅਤੇ ਹਰ ਵਰਗ ਨੂੰ ਨਾਲ ਲੈ ਕੇ ਚੱਲਿਆ ਜਾਵੇਗਾ। ਉਨ੍ਹਾਂ ਨੇ ਅੱਗੇ ਕਿਹਾ ਕਿ ਇਲਾਕੇ ਦੇ ਵਿਕਾਸ ਕਾਰਜ ਤੇਜ਼ੀ ਨਾਲ ਪੂਰੇ ਕੀਤੇ ਜਾਣਗੇ ਅਤੇ ਕਿਸੇ ਨਾਲ ਵੀ ਵਿਤਕਰਾ ਨਹੀਂ ਹੋਵੇਗਾ। ਇਸ ਮੌਕੇ ਹੋਰਨਾਂ ਤੋਂ ਇਲਾਵਾ ਕਈ ਆਗੂ ਅਤੇ ਪਿੰਡ ਵਾਸੀ ਵੀ ਹਾਜ਼ਰ ਸਨ। ਪ੍ਰੋਗਰਾਮ ਦੇ ਅੰਤ ਵਿਚ ਸਾਰਿਆਂ ਦਾ ਧੰਨਵਾਦ ਕੀਤਾ ਗਿਆ ਅਤੇ ਅਗਲੀ ਮੀਟਿੰਗ ਦੀ ਤਾਰੀਖ ਤੈਅ ਕੀਤੀ ਗਈ। ਇਸ ਸਬੰਧੀ ਜਾਣਕਾਰੀ ਦਿੰਦਿਆਂ ਉਨ੍ਹਾਂ ਦੱਸਿਆ ਕਿ ਸਮਾਗਮ ਦੌਰਾਨ ਵੱਡੀ ਗਿਣਤੀ ਵਿਚ ਲੋਕ ਹਾਜ਼ਰ ਸਨ ਅਤੇ ਪ੍ਰਬੰਧਕਾਂ ਵਲੋਂ ਸਾਰੇ ਪਤਵੰਤਿਆਂ ਦਾ ਸਨਮਾਨ ਕੀਤਾ ਗਿਆ।
डेंगू पर वार मुहिम के तहत नाभा में जागरूकता गतिविधियां जारी
ਪਟਿਆਲਾ, 9 ਨਵੰਬਰ (ਪ੍ਰਤੀਨਿਧੀ) — ਇਸ ਸਬੰਧੀ ਜਾਣਕਾਰੀ ਦਿੰਦਿਆਂ ਉਨ੍ਹਾਂ ਦੱਸਿਆ ਕਿ ਸਮਾਗਮ ਦੌਰਾਨ ਵੱਡੀ ਗਿਣਤੀ ਵਿਚ ਲੋਕ ਹਾਜ਼ਰ ਸਨ ਅਤੇ ਪ੍ਰਬੰਧਕਾਂ ਵਲੋਂ ਸਾਰੇ ਪਤਵੰਤਿਆਂ ਦਾ ਸਨਮਾਨ ਕੀਤਾ ਗਿਆ। ਇਸ ਮੌਕੇ ਉਨ੍ਹਾਂ ਨੇ ਕਿਹਾ ਕਿ ਸਰਕਾਰ ਲੋਕਾਂ ਦੀ ਭਲਾਈ ਲਈ ਵਚਨਬੱਧ ਹੈ ਅਤੇ ਹਰ ਵਰਗ ਨੂੰ ਨਾਲ ਲੈ ਕੇ ਚੱਲਿਆ ਜਾਵੇਗਾ। ਉਨ੍ਹਾਂ ਨੇ ਅੱਗੇ ਕਿਹਾ ਕਿ ਇਲਾਕੇ ਦੇ ਵਿਕਾਸ ਕਾਰਜ ਤੇਜ਼ੀ ਨਾਲ ਪੂਰੇ ਕੀਤੇ ਜਾਣਗੇ ਅਤੇ ਕਿਸੇ ਨਾਲ ਵੀ ਵਿਤਕਰਾ ਨਹੀਂ ਹੋਵੇਗਾ। ਇਸ ਮੌਕੇ ਹੋਰਨਾਂ ਤੋਂ ਇਲਾਵਾ ਕਈ ਆਗੂ ਅਤੇ ਪਿੰਡ ਵਾਸੀ ਵੀ ਹਾਜ਼ਰ ਸਨ। ਪ੍ਰੋਗਰਾਮ ਦੇ ਅੰਤ ਵਿਚ ਸਾਰਿਆਂ ਦਾ ਧੰਨਵਾਦ ਕੀਤਾ ਗਿਆ ਅਤੇ ਅਗਲੀ ਮੀਟਿੰਗ ਦੀ ਤਾਰੀਖ ਤੈਅ ਕੀਤੀ ਗਈ। ਇਸ ਸਬੰਧੀ ਜਾਣਕਾਰੀ ਦਿੰਦਿਆਂ ਉਨ੍ਹਾਂ ਦੱਸਿਆ ਕਿ ਸਮਾਗਮ ਦੌਰਾਨ ਵੱਡੀ ਗਿਣਤੀ ਵਿਚ ਲੋਕ ਹਾਜ਼ਰ ਸਨ ਅਤੇ ਪ੍ਰਬੰਧਕਾਂ ਵਲੋਂ ਸਾਰੇ ਪਤਵੰਤਿਆਂ ਦਾ ਸਨਮਾਨ ਕੀਤਾ ਗਿਆ। ਇਸ ਮੌਕੇ ਉਨ੍ਹਾਂ ਨੇ ਕਿਹਾ ਕਿ ਸਰਕਾਰ ਲੋਕਾਂ ਦੀ ਭਲਾਈ ਲਈ ਵਚਨਬੱਧ ਹੈ ਅਤੇ ਹਰ ਵਰਗ ਨੂੰ ਨਾਲ ਲੈ ਕੇ ਚੱਲਿਆ ਜਾਵੇਗਾ। ਉਨ੍ਹਾਂ ਨੇ ਅੱਗੇ ਕਿਹਾ ਕਿ ਇਲਾਕੇ ਦੇ ਵਿਕਾਸ ਕਾਰਜ ਤੇਜ਼ੀ ਨਾਲ ਪੂਰੇ ਕੀਤੇ ਜਾਣਗੇ ਅਤੇ ਕਿਸੇ ਨਾਲ ਵੀ ਵਿਤਕਰਾ ਨਹੀਂ ਹੋਵੇਗਾ। ਇਸ ਮੌਕੇ ਹੋਰਨਾਂ ਤੋਂ ਇਲਾਵਾ ਕਈ ਆਗੂ ਅਤੇ ਪਿੰਡ ਵਾਸੀ ਵੀ ਹਾਜ਼ਰ ਸਨ। ਪ੍ਰੋਗਰਾਮ ਦੇ ਅੰਤ ਵਿਚ ਸਾਰਿਆਂ ਦਾ ਧੰਨਵਾਦ ਕੀਤਾ ਗਿਆ ਅਤੇ ਅਗਲੀ ਮੀਟਿੰਗ ਦੀ ਤਾਰੀਖ ਤੈਅ ਕੀਤੀ ਗਈ। ਇਸ ਸਬੰਧੀ ਜਾਣਕਾਰੀ ਦਿੰਦਿਆਂ ਉਨ੍ਹਾਂ ਦੱਸਿਆ ਕਿ ਸਮਾਗਮ ਦੌਰਾਨ ਵੱਡੀ ਗਿਣਤੀ ਵਿਚ ਲੋਕ ਹਾਜ਼ਰ ਸਨ ਅਤੇ ਪ੍ਰਬੰਧਕਾਂ ਵਲੋਂ ਸਾਰੇ ਪਤਵੰਤਿਆਂ ਦਾ ਸਨਮਾਨ ਕੀਤਾ ਗਿਆ।
विदेश भेजने के नाम पर दो व्यक्तियों से करीब 22 लाख रुपए की धोखाधड़ी
ਪਟਿਆਲਾ, 9 ਨਵੰਬਰ (ਪ੍ਰਤੀਨਿਧੀ) — ਇਸ ਸਬੰਧੀ ਜਾਣਕਾਰੀ ਦਿੰਦਿਆਂ ਉਨ੍ਹਾਂ ਦੱਸਿਆ ਕਿ ਸਮਾਗਮ ਦੌਰਾਨ ਵੱਡੀ ਗਿਣਤੀ ਵਿਚ ਲੋਕ ਹਾਜ਼ਰ ਸਨ ਅਤੇ ਪ੍ਰਬੰਧਕਾਂ ਵਲੋਂ ਸਾਰੇ ਪਤਵੰਤਿਆਂ ਦਾ ਸਨਮਾਨ ਕੀਤਾ ਗਿਆ। ਇਸ ਮੌਕੇ ਉਨ੍ਹਾਂ ਨੇ ਕਿਹਾ ਕਿ ਸਰਕਾਰ ਲੋਕਾਂ ਦੀ ਭਲਾਈ ਲਈ ਵਚਨਬੱਧ ਹੈ ਅਤੇ ਹਰ ਵਰਗ ਨੂੰ ਨਾਲ ਲੈ ਕੇ ਚੱਲਿਆ ਜਾਵੇਗਾ। ਉਨ੍ਹਾਂ ਨੇ ਅੱਗੇ ਕਿਹਾ ਕਿ ਇਲਾਕੇ ਦੇ ਵਿਕਾਸ ਕਾਰਜ ਤੇਜ਼ੀ ਨਾਲ ਪੂਰੇ ਕੀਤੇ ਜਾਣਗੇ ਅਤੇ ਕਿਸੇ ਨਾਲ ਵੀ ਵਿਤਕਰਾ ਨਹੀਂ ਹੋਵੇਗਾ। ਇਸ ਮੌਕੇ ਹੋਰਨਾਂ ਤੋਂ ਇਲਾਵਾ ਕਈ ਆਗੂ ਅਤੇ ਪਿੰਡ ਵਾਸੀ ਵੀ ਹਾਜ਼ਰ ਸਨ। ਪ੍ਰੋਗਰਾਮ ਦੇ ਅੰਤ ਵਿਚ ਸਾਰਿਆਂ ਦਾ ਧੰਨਵਾਦ ਕੀਤਾ ਗਿਆ ਅਤੇ ਅਗਲੀ ਮੀਟਿੰਗ ਦੀ ਤਾਰੀਖ ਤੈਅ ਕੀਤੀ ਗਈ। ਇਸ ਸਬੰਧੀ ਜਾਣਕਾਰੀ ਦਿੰਦਿਆਂ ਉਨ੍ਹਾਂ ਦੱਸਿਆ ਕਿ ਸਮਾਗਮ ਦੌਰਾਨ ਵੱਡੀ ਗਿਣਤੀ ਵਿਚ ਲੋਕ ਹਾਜ਼ਰ ਸਨ ਅਤੇ ਪ੍ਰਬੰਧਕਾਂ ਵਲੋਂ ਸਾਰੇ ਪਤਵੰਤਿਆਂ ਦਾ ਸਨਮਾਨ ਕੀਤਾ ਗਿਆ। ਇਸ ਮੌਕੇ ਉਨ੍ਹਾਂ ਨੇ ਕਿਹਾ ਕਿ ਸਰਕਾਰ ਲੋਕਾਂ ਦੀ ਭਲਾਈ ਲਈ ਵਚਨਬੱਧ ਹੈ ਅਤੇ ਹਰ ਵਰਗ ਨੂੰ ਨਾਲ ਲੈ ਕੇ ਚੱਲਿਆ ਜਾਵੇਗਾ। ਉਨ੍ਹਾਂ ਨੇ ਅੱਗੇ ਕਿਹਾ ਕਿ ਇਲਾਕੇ ਦੇ ਵਿਕਾਸ ਕਾਰਜ ਤੇਜ਼ੀ ਨਾਲ ਪੂਰੇ ਕੀਤੇ ਜਾਣਗੇ ਅਤੇ ਕਿਸੇ ਨਾਲ ਵੀ ਵਿਤਕਰਾ ਨਹੀਂ ਹੋਵੇਗਾ। ਇਸ ਮੌਕੇ ਹੋਰਨਾਂ ਤੋਂ ਇਲਾਵਾ ਕਈ ਆਗੂ ਅਤੇ ਪਿੰਡ ਵਾਸੀ ਵੀ ਹਾਜ਼ਰ ਸਨ। ਪ੍ਰੋਗਰਾਮ ਦੇ ਅੰਤ ਵਿਚ ਸਾਰਿਆਂ ਦਾ ਧੰਨਵਾਦ ਕੀਤਾ ਗਿਆ ਅਤੇ ਅਗਲੀ ਮੀਟਿੰਗ ਦੀ ਤਾਰੀਖ ਤੈਅ ਕੀਤੀ ਗਈ। ਇਸ ਸਬੰਧੀ ਜਾਣਕਾਰੀ ਦਿੰਦਿਆਂ ਉਨ੍ਹਾਂ ਦੱਸਿਆ ਕਿ ਸਮਾਗਮ ਦੌਰਾਨ ਵੱਡੀ ਗਿਣਤੀ ਵਿਚ ਲੋਕ ਹਾਜ਼ਰ ਸਨ ਅਤੇ ਪ੍ਰਬੰਧਕਾਂ ਵਲੋਂ ਸਾਰੇ ਪਤਵੰਤਿਆਂ ਦਾ ਸਨਮਾਨ ਕੀਤਾ ਗਿਆ।	भाषण प्रतियोगिता का आयोजन
ਪਟਿਆਲਾ, 9 ਨਵੰਬਰ (ਪ੍ਰਤੀਨਿਧੀ) — ਇਸ ਸਬੰਧੀ ਜਾਣਕਾਰੀ ਦਿੰਦਿਆਂ ਉਨ੍ਹਾਂ ਦੱਸਿਆ ਕਿ ਸਮਾਗਮ ਦੌਰਾਨ ਵੱਡੀ ਗਿਣਤੀ ਵਿਚ ਲੋਕ ਹਾਜ਼ਰ ਸਨ ਅਤੇ ਪ੍ਰਬੰਧਕਾਂ ਵਲੋਂ ਸਾਰੇ ਪਤਵੰਤਿਆਂ ਦਾ ਸਨਮਾਨ ਕੀਤਾ ਗਿਆ। ਇਸ ਮੌਕੇ ਉਨ੍ਹਾਂ ਨੇ ਕਿਹਾ ਕਿ ਸਰਕਾਰ ਲੋਕਾਂ ਦੀ ਭਲਾਈ ਲਈ ਵਚਨਬੱਧ ਹੈ ਅਤੇ ਹਰ ਵਰਗ ਨੂੰ ਨਾਲ ਲੈ ਕੇ ਚੱਲਿਆ ਜਾਵੇਗਾ। ਉਨ੍ਹਾਂ ਨੇ ਅੱਗੇ ਕਿਹਾ ਕਿ ਇਲਾਕੇ ਦੇ ਵਿਕਾਸ ਕਾਰਜ ਤੇਜ਼ੀ ਨਾਲ ਪੂਰੇ ਕੀਤੇ ਜਾਣਗੇ ਅਤੇ ਕਿਸੇ ਨਾਲ ਵੀ ਵਿਤਕਰਾ ਨਹੀਂ ਹੋਵੇਗਾ। ਇਸ ਮੌਕੇ ਹੋਰਨਾਂ ਤੋਂ ਇਲਾਵਾ ਕਈ ਆਗੂ ਅਤੇ ਪਿੰਡ ਵਾਸੀ ਵੀ ਹਾਜ਼ਰ ਸਨ। ਪ੍ਰੋਗਰਾਮ ਦੇ ਅੰਤ ਵਿਚ ਸਾਰਿਆਂ ਦਾ ਧੰਨਵਾਦ ਕੀਤਾ ਗਿਆ ਅਤੇ ਅਗਲੀ ਮੀਟਿੰਗ ਦੀ ਤਾਰੀਖ ਤੈਅ ਕੀਤੀ ਗਈ। ਇਸ ਸਬੰਧੀ ਜਾਣਕਾਰੀ ਦਿੰਦਿਆਂ ਉਨ੍ਹਾਂ ਦੱਸਿਆ ਕਿ ਸਮਾਗਮ ਦੌਰਾਨ ਵੱਡੀ ਗਿਣਤੀ ਵਿਚ ਲੋਕ ਹਾਜ਼ਰ ਸਨ ਅਤੇ ਪ੍ਰਬੰਧਕਾਂ ਵਲੋਂ ਸਾਰੇ ਪਤਵੰਤਿਆਂ ਦਾ ਸਨਮਾਨ ਕੀਤਾ ਗਿਆ। ਇਸ ਮੌਕੇ ਉਨ੍ਹਾਂ ਨੇ ਕਿਹਾ ਕਿ ਸਰਕਾਰ ਲੋਕਾਂ ਦੀ ਭਲਾਈ ਲਈ ਵਚਨਬੱਧ ਹੈ ਅਤੇ ਹਰ ਵਰਗ ਨੂੰ ਨਾਲ ਲੈ ਕੇ ਚੱਲਿਆ ਜਾਵੇਗਾ। ਉਨ੍ਹਾਂ ਨੇ ਅੱਗੇ ਕਿਹਾ ਕਿ ਇਲਾਕੇ ਦੇ ਵਿਕਾਸ ਕਾਰਜ ਤੇਜ਼ੀ ਨਾਲ ਪੂਰੇ ਕੀਤੇ ਜਾਣਗੇ ਅਤੇ ਕਿਸੇ ਨਾਲ ਵੀ ਵਿਤਕਰਾ ਨਹੀਂ ਹੋਵੇਗਾ। ਇਸ ਮੌਕੇ ਹੋਰਨਾਂ ਤੋਂ ਇਲਾਵਾ ਕਈ ਆਗੂ ਅਤੇ ਪਿੰਡ ਵਾਸੀ ਵੀ ਹਾਜ਼ਰ ਸਨ। ਪ੍ਰੋਗਰਾਮ ਦੇ ਅੰਤ ਵਿਚ ਸਾਰਿਆਂ ਦਾ ਧੰਨਵਾਦ ਕੀਤਾ ਗਿਆ ਅਤੇ ਅਗਲੀ ਮੀਟਿੰਗ ਦੀ ਤਾਰੀਖ ਤੈਅ ਕੀਤੀ ਗਈ। ਇਸ ਸਬੰਧੀ ਜਾਣਕਾਰੀ ਦਿੰਦਿਆਂ ਉਨ੍ਹਾਂ ਦੱਸਿਆ ਕਿ ਸਮਾਗਮ ਦੌਰਾਨ ਵੱਡੀ ਗਿਣਤੀ ਵਿਚ ਲੋਕ ਹਾਜ਼ਰ ਸਨ ਅਤੇ ਪ੍ਰਬੰਧਕਾਂ ਵਲੋਂ ਸਾਰੇ ਪਤਵੰਤਿਆਂ ਦਾ ਸਨਮਾਨ ਕੀਤਾ ਗਿਆ।
नगर कौंसिल समाना के अध्यक्ष पद को लेकर मामला दिन-प्रतिदिन उलझता जा रहा
ਪਟਿਆਲਾ, 9 ਨਵੰਬਰ (ਪ੍ਰਤੀਨਿਧੀ) — ਇਸ ਸਬੰਧੀ ਜਾਣਕਾਰੀ ਦਿੰਦਿਆਂ ਉਨ੍ਹਾਂ ਦੱਸਿਆ ਕਿ ਸਮਾਗਮ ਦੌਰਾਨ ਵੱਡੀ ਗਿਣਤੀ ਵਿਚ ਲੋਕ ਹਾਜ਼ਰ ਸਨ ਅਤੇ ਪ੍ਰਬੰਧਕਾਂ ਵਲੋਂ ਸਾਰੇ ਪਤਵੰਤਿਆਂ ਦਾ ਸਨਮਾਨ ਕੀਤਾ ਗਿਆ। ਇਸ ਮੌਕੇ ਉਨ੍ਹਾਂ ਨੇ ਕਿਹਾ ਕਿ ਸਰਕਾਰ ਲੋਕਾਂ ਦੀ ਭਲਾਈ ਲਈ ਵਚਨਬੱਧ ਹੈ ਅਤੇ ਹਰ ਵਰਗ ਨੂੰ ਨਾਲ ਲੈ ਕੇ ਚੱਲਿਆ ਜਾਵੇਗਾ। ਉਨ੍ਹਾਂ ਨੇ ਅੱਗੇ ਕਿਹਾ ਕਿ ਇਲਾਕੇ ਦੇ ਵਿਕਾਸ ਕਾਰਜ ਤੇਜ਼ੀ ਨਾਲ ਪੂਰੇ ਕੀਤੇ ਜਾਣਗੇ ਅਤੇ ਕਿਸੇ ਨਾਲ ਵੀ ਵਿਤਕਰਾ ਨਹੀਂ ਹੋਵੇਗਾ। ਇਸ ਮੌਕੇ ਹੋਰਨਾਂ ਤੋਂ ਇਲਾਵਾ ਕਈ ਆਗੂ ਅਤੇ ਪਿੰਡ ਵਾਸੀ ਵੀ ਹਾਜ਼ਰ ਸਨ। ਪ੍ਰੋਗਰਾਮ ਦੇ ਅੰਤ ਵਿਚ ਸਾਰਿਆਂ ਦਾ ਧੰਨਵਾਦ ਕੀਤਾ ਗਿਆ ਅਤੇ ਅਗਲੀ ਮੀਟਿੰਗ ਦੀ ਤਾਰੀਖ ਤੈਅ ਕੀਤੀ ਗਈ। ਇਸ ਸਬੰਧੀ ਜਾਣਕਾਰੀ ਦਿੰਦਿਆਂ ਉਨ੍ਹਾਂ ਦੱਸਿਆ ਕਿ ਸਮਾਗਮ ਦੌਰਾਨ ਵੱਡੀ ਗਿਣਤੀ ਵਿਚ ਲੋਕ ਹਾਜ਼ਰ ਸਨ ਅਤੇ ਪ੍ਰਬੰਧਕਾਂ ਵਲੋਂ ਸਾਰੇ ਪਤਵੰਤਿਆਂ ਦਾ ਸਨਮਾਨ ਕੀਤਾ ਗਿਆ। ਇਸ ਮੌਕੇ ਉਨ੍ਹਾਂ ਨੇ ਕਿਹਾ ਕਿ ਸਰਕਾਰ ਲੋਕਾਂ ਦੀ ਭਲਾਈ ਲਈ ਵਚਨਬੱਧ ਹੈ ਅਤੇ ਹਰ ਵਰਗ ਨੂੰ ਨਾਲ ਲੈ ਕੇ ਚੱਲਿਆ ਜਾਵੇਗਾ। ਉਨ੍ਹਾਂ ਨੇ ਅੱਗੇ ਕਿਹਾ ਕਿ ਇਲਾਕੇ ਦੇ ਵਿਕਾਸ ਕਾਰਜ ਤੇਜ਼ੀ ਨਾਲ ਪੂਰੇ ਕੀਤੇ ਜਾਣਗੇ ਅਤੇ ਕਿਸੇ ਨਾਲ ਵੀ ਵਿਤਕਰਾ ਨਹੀਂ ਹੋਵੇਗਾ। ਇਸ ਮੌਕੇ ਹੋਰਨਾਂ ਤੋਂ ਇਲਾਵਾ ਕਈ ਆਗੂ ਅਤੇ ਪਿੰਡ ਵਾਸੀ ਵੀ ਹਾਜ਼ਰ ਸਨ। ਪ੍ਰੋਗਰਾਮ ਦੇ ਅੰਤ ਵਿਚ ਸਾਰਿਆਂ ਦਾ ਧੰਨਵਾਦ ਕੀਤਾ ਗਿਆ ਅਤੇ ਅਗਲੀ ਮੀਟਿੰਗ ਦੀ ਤਾਰੀਖ ਤੈਅ ਕੀਤੀ ਗਈ। ਇਸ ਸਬੰਧੀ ਜਾਣਕਾਰੀ ਦਿੰਦਿਆਂ ਉਨ੍ਹਾਂ ਦੱਸਿਆ ਕਿ ਸਮਾਗਮ ਦੌਰਾਨ ਵੱਡੀ ਗਿਣਤੀ ਵਿਚ ਲੋਕ ਹਾਜ਼ਰ ਸਨ ਅਤੇ ਪ੍ਰਬੰਧਕਾਂ ਵਲੋਂ ਸਾਰੇ ਪਤਵੰਤਿਆਂ ਦਾ ਸਨਮਾਨ ਕੀਤਾ ਗਿਆ।
नगर कौंसिल समाना के अध्यक्ष पद के लिए पत्रकार वार्ता करते हुए पार्षद।
ਪਟਿਆਲਾ, 9 ਨਵੰਬਰ (ਪ੍ਰਤੀਨਿਧੀ) — ਇਸ ਸਬੰਧੀ ਜਾਣਕਾਰੀ ਦਿੰਦਿਆਂ ਉਨ੍ਹਾਂ ਦੱਸਿਆ ਕਿ ਸਮਾਗਮ ਦੌਰਾਨ ਵੱਡੀ ਗਿਣਤੀ ਵਿਚ ਲੋਕ ਹਾਜ਼ਰ ਸਨ ਅਤੇ ਪ੍ਰਬੰਧਕਾਂ ਵਲੋਂ ਸਾਰੇ ਪਤਵੰਤਿਆਂ ਦਾ ਸਨਮਾਨ ਕੀਤਾ ਗਿਆ। ਇਸ ਮੌਕੇ ਉਨ੍ਹਾਂ ਨੇ ਕਿਹਾ ਕਿ ਸਰਕਾਰ ਲੋਕਾਂ ਦੀ ਭਲਾਈ ਲਈ ਵਚਨਬੱਧ ਹੈ ਅਤੇ ਹਰ ਵਰਗ ਨੂੰ ਨਾਲ ਲੈ ਕੇ ਚੱਲਿਆ ਜਾਵੇਗਾ। ਉਨ੍ਹਾਂ ਨੇ ਅੱਗੇ ਕਿਹਾ ਕਿ ਇਲਾਕੇ ਦੇ ਵਿਕਾਸ ਕਾਰਜ ਤੇਜ਼ੀ ਨਾਲ ਪੂਰੇ ਕੀਤੇ ਜਾਣਗੇ ਅਤੇ ਕਿਸੇ ਨਾਲ ਵੀ ਵਿਤਕਰਾ ਨਹੀਂ ਹੋਵੇਗਾ। ਇਸ ਮੌਕੇ ਹੋਰਨਾਂ ਤੋਂ ਇਲਾਵਾ ਕਈ ਆਗੂ ਅਤੇ ਪਿੰਡ ਵਾਸੀ ਵੀ ਹਾਜ਼ਰ ਸਨ। ਪ੍ਰੋਗਰਾਮ ਦੇ ਅੰਤ ਵਿਚ ਸਾਰਿਆਂ ਦਾ ਧੰਨਵਾਦ ਕੀਤਾ ਗਿਆ ਅਤੇ ਅਗਲੀ ਮੀਟਿੰਗ ਦੀ ਤਾਰੀਖ ਤੈਅ ਕੀਤੀ ਗਈ। ਇਸ ਸਬੰਧੀ ਜਾਣਕਾਰੀ ਦਿੰਦਿਆਂ ਉਨ੍ਹਾਂ ਦੱਸਿਆ ਕਿ ਸਮਾਗਮ ਦੌਰਾਨ ਵੱਡੀ ਗਿਣਤੀ ਵਿਚ ਲੋਕ ਹਾਜ਼ਰ ਸਨ ਅਤੇ ਪ੍ਰਬੰਧਕਾਂ ਵਲੋਂ ਸਾਰੇ ਪਤਵੰਤਿਆਂ ਦਾ ਸਨਮਾਨ ਕੀਤਾ ਗਿਆ। ਇਸ ਮੌਕੇ ਉਨ੍ਹਾਂ ਨੇ ਕਿਹਾ ਕਿ ਸਰਕਾਰ ਲੋਕਾਂ ਦੀ ਭਲਾਈ ਲਈ ਵਚਨਬੱਧ ਹੈ ਅਤੇ ਹਰ ਵਰਗ ਨੂੰ ਨਾਲ ਲੈ ਕੇ ਚੱਲਿਆ ਜਾਵੇਗਾ। ਉਨ੍ਹਾਂ ਨੇ ਅੱਗੇ ਕਿਹਾ ਕਿ ਇਲਾਕੇ ਦੇ ਵਿਕਾਸ ਕਾਰਜ ਤੇਜ਼ੀ ਨਾਲ ਪੂਰੇ ਕੀਤੇ ਜਾਣਗੇ ਅਤੇ ਕਿਸੇ ਨਾਲ ਵੀ ਵਿਤਕਰਾ ਨਹੀਂ ਹੋਵੇਗਾ। ਇਸ ਮੌਕੇ ਹੋਰਨਾਂ ਤੋਂ ਇਲਾਵਾ ਕਈ ਆਗੂ ਅਤੇ ਪਿੰਡ ਵਾਸੀ ਵੀ ਹਾਜ਼ਰ ਸਨ। ਪ੍ਰੋਗਰਾਮ ਦੇ ਅੰਤ ਵਿਚ ਸਾਰਿਆਂ ਦਾ ਧੰਨਵਾਦ ਕੀਤਾ ਗਿਆ ਅਤੇ ਅਗਲੀ ਮੀਟਿੰਗ ਦੀ ਤਾਰੀਖ ਤੈਅ ਕੀਤੀ ਗਈ। ਇਸ ਸਬੰਧੀ ਜਾਣਕਾਰੀ ਦਿੰਦਿਆਂ ਉਨ੍ਹਾਂ ਦੱਸਿਆ ਕਿ ਸਮਾਗਮ ਦੌਰਾਨ ਵੱਡੀ ਗਿਣਤੀ ਵਿਚ ਲੋਕ ਹਾਜ਼ਰ ਸਨ ਅਤੇ ਪ੍ਰਬੰਧਕਾਂ ਵਲੋਂ ਸਾਰੇ ਪਤਵੰਤਿਆਂ ਦਾ ਸਨਮਾਨ ਕੀਤਾ ਗਿਆ।
ज़हरीली दवाई निगलने के कारण नौजवान की मौत
ਪਟਿਆਲਾ, 9 ਨਵੰਬਰ (ਪ੍ਰਤੀਨਿਧੀ) — ਇਸ ਸਬੰਧੀ ਜਾਣਕਾਰੀ ਦਿੰਦਿਆਂ ਉਨ੍ਹਾਂ ਦੱਸਿਆ ਕਿ ਸਮਾਗਮ ਦੌਰਾਨ ਵੱਡੀ ਗਿਣਤੀ ਵਿਚ ਲੋਕ ਹਾਜ਼ਰ ਸਨ ਅਤੇ ਪ੍ਰਬੰਧਕਾਂ ਵਲੋਂ ਸਾਰੇ ਪਤਵੰਤਿਆਂ ਦਾ ਸਨਮਾਨ ਕੀਤਾ ਗਿਆ। ਇਸ ਮੌਕੇ ਉਨ੍ਹਾਂ ਨੇ ਕਿਹਾ ਕਿ ਸਰਕਾਰ ਲੋਕਾਂ ਦੀ ਭਲਾਈ ਲਈ ਵਚਨਬੱਧ ਹੈ ਅਤੇ ਹਰ ਵਰਗ ਨੂੰ ਨਾਲ ਲੈ ਕੇ ਚੱਲਿਆ ਜਾਵੇਗਾ। ਉਨ੍ਹਾਂ ਨੇ ਅੱਗੇ ਕਿਹਾ ਕਿ ਇਲਾਕੇ ਦੇ ਵਿਕਾਸ ਕਾਰਜ ਤੇਜ਼ੀ ਨਾਲ ਪੂਰੇ ਕੀਤੇ ਜਾਣਗੇ ਅਤੇ ਕਿਸੇ ਨਾਲ ਵੀ ਵਿਤਕਰਾ ਨਹੀਂ ਹੋਵੇਗਾ। ਇਸ ਮੌਕੇ ਹੋਰਨਾਂ ਤੋਂ ਇਲਾਵਾ ਕਈ ਆਗੂ ਅਤੇ ਪਿੰਡ ਵਾਸੀ ਵੀ ਹਾਜ਼ਰ ਸਨ। ਪ੍ਰੋਗਰਾਮ ਦੇ ਅੰਤ ਵਿਚ ਸਾਰਿਆਂ ਦਾ ਧੰਨਵਾਦ ਕੀਤਾ ਗਿਆ ਅਤੇ ਅਗਲੀ ਮੀਟਿੰਗ ਦੀ ਤਾਰੀਖ ਤੈਅ ਕੀਤੀ ਗਈ। ਇਸ ਸਬੰਧੀ ਜਾਣਕਾਰੀ ਦਿੰਦਿਆਂ ਉਨ੍ਹਾਂ ਦੱਸਿਆ ਕਿ ਸਮਾਗਮ ਦੌਰਾਨ ਵੱਡੀ ਗਿਣਤੀ ਵਿਚ ਲੋਕ ਹਾਜ਼ਰ ਸਨ ਅਤੇ ਪ੍ਰਬੰਧਕਾਂ ਵਲੋਂ ਸਾਰੇ ਪਤਵੰਤਿਆਂ ਦਾ ਸਨਮਾਨ ਕੀਤਾ ਗਿਆ। ਇਸ ਮੌਕੇ ਉਨ੍ਹਾਂ ਨੇ ਕਿਹਾ ਕਿ ਸਰਕਾਰ ਲੋਕਾਂ ਦੀ ਭਲਾਈ ਲਈ ਵਚਨਬੱਧ ਹੈ ਅਤੇ ਹਰ ਵਰਗ ਨੂੰ ਨਾਲ ਲੈ ਕੇ ਚੱਲਿਆ ਜਾਵੇਗਾ। ਉਨ੍ਹਾਂ ਨੇ ਅੱਗੇ ਕਿਹਾ ਕਿ ਇਲਾਕੇ ਦੇ ਵਿਕਾਸ ਕਾਰਜ ਤੇਜ਼ੀ ਨਾਲ ਪੂਰੇ ਕੀਤੇ ਜਾਣਗੇ ਅਤੇ ਕਿਸੇ ਨਾਲ ਵੀ ਵਿਤਕਰਾ ਨਹੀਂ ਹੋਵੇਗਾ। ਇਸ ਮੌਕੇ ਹੋਰਨਾਂ ਤੋਂ ਇਲਾਵਾ ਕਈ ਆਗੂ ਅਤੇ ਪਿੰਡ ਵਾਸੀ ਵੀ ਹਾਜ਼ਰ ਸਨ। ਪ੍ਰੋਗਰਾਮ ਦੇ ਅੰਤ ਵਿਚ ਸਾਰਿਆਂ ਦਾ ਧੰਨਵਾਦ ਕੀਤਾ ਗਿਆ ਅਤੇ ਅਗਲੀ ਮੀਟਿੰਗ ਦੀ ਤਾਰੀਖ ਤੈਅ ਕੀਤੀ ਗਈ। ਇਸ ਸਬੰਧੀ ਜਾਣਕਾਰੀ ਦਿੰਦਿਆਂ ਉਨ੍ਹਾਂ ਦੱਸਿਆ ਕਿ ਸਮਾਗਮ ਦੌਰਾਨ ਵੱਡੀ ਗਿਣਤੀ ਵਿਚ ਲੋਕ ਹਾਜ਼ਰ ਸਨ ਅਤੇ ਪ੍ਰਬੰਧਕਾਂ ਵਲੋਂ ਸਾਰੇ ਪਤਵੰਤਿਆਂ ਦਾ ਸਨਮਾਨ ਕੀਤਾ ਗਿਆ।
जी.बी.आई. स्कूल की सफाई रैली बनी प्रेरणा का संदेश
ਪਟਿਆਲਾ, 9 ਨਵੰਬਰ (ਪ੍ਰਤੀਨਿਧੀ) — ਇਸ ਸਬੰਧੀ ਜਾਣਕਾਰੀ ਦਿੰਦਿਆਂ ਉਨ੍ਹਾਂ ਦੱਸਿਆ ਕਿ ਸਮਾਗਮ ਦੌਰਾਨ ਵੱਡੀ ਗਿਣਤੀ ਵਿਚ ਲੋਕ ਹਾਜ਼ਰ ਸਨ ਅਤੇ ਪ੍ਰਬੰਧਕਾਂ ਵਲੋਂ ਸਾਰੇ ਪਤਵੰਤਿਆਂ ਦਾ ਸਨਮਾਨ ਕੀਤਾ ਗਿਆ। ਇਸ ਮੌਕੇ ਉਨ੍ਹਾਂ ਨੇ ਕਿਹਾ ਕਿ ਸਰਕਾਰ ਲੋਕਾਂ ਦੀ ਭਲਾਈ ਲਈ ਵਚਨਬੱਧ ਹੈ ਅਤੇ ਹਰ ਵਰਗ ਨੂੰ ਨਾਲ ਲੈ ਕੇ ਚੱਲਿਆ ਜਾਵੇਗਾ। ਉਨ੍ਹਾਂ ਨੇ ਅੱਗੇ ਕਿਹਾ ਕਿ ਇਲਾਕੇ ਦੇ ਵਿਕਾਸ ਕਾਰਜ ਤੇਜ਼ੀ ਨਾਲ ਪੂਰੇ ਕੀਤੇ ਜਾਣਗੇ ਅਤੇ ਕਿਸੇ ਨਾਲ ਵੀ ਵਿਤਕਰਾ ਨਹੀਂ ਹੋਵੇਗਾ। ਇਸ ਮੌਕੇ ਹੋਰਨਾਂ ਤੋਂ ਇਲਾਵਾ ਕਈ ਆਗੂ ਅਤੇ ਪਿੰਡ ਵਾਸੀ ਵੀ ਹਾਜ਼ਰ ਸਨ। ਪ੍ਰੋਗਰਾਮ ਦੇ ਅੰਤ ਵਿਚ ਸਾਰਿਆਂ ਦਾ ਧੰਨਵਾਦ ਕੀਤਾ ਗਿਆ ਅਤੇ ਅਗਲੀ ਮੀਟਿੰਗ ਦੀ ਤਾਰੀਖ ਤੈਅ ਕੀਤੀ ਗਈ। ਇਸ ਸਬੰਧੀ ਜਾਣਕਾਰੀ ਦਿੰਦਿਆਂ ਉਨ੍ਹਾਂ ਦੱਸਿਆ ਕਿ ਸਮਾਗਮ ਦੌਰਾਨ ਵੱਡੀ ਗਿਣਤੀ ਵਿਚ ਲੋਕ ਹਾਜ਼ਰ ਸਨ ਅਤੇ ਪ੍ਰਬੰਧਕਾਂ ਵਲੋਂ ਸਾਰੇ ਪਤਵੰਤਿਆਂ ਦਾ ਸਨਮਾਨ ਕੀਤਾ ਗਿਆ। ਇਸ ਮੌਕੇ ਉਨ੍ਹਾਂ ਨੇ ਕਿਹਾ ਕਿ ਸਰਕਾਰ ਲੋਕਾਂ ਦੀ ਭਲਾਈ ਲਈ ਵਚਨਬੱਧ ਹੈ ਅਤੇ ਹਰ ਵਰਗ ਨੂੰ ਨਾਲ ਲੈ ਕੇ ਚੱਲਿਆ ਜਾਵੇਗਾ। ਉਨ੍ਹਾਂ ਨੇ ਅੱਗੇ ਕਿਹਾ ਕਿ ਇਲਾਕੇ ਦੇ ਵਿਕਾਸ ਕਾਰਜ ਤੇਜ਼ੀ ਨਾਲ ਪੂਰੇ ਕੀਤੇ ਜਾਣਗੇ ਅਤੇ ਕਿਸੇ ਨਾਲ ਵੀ ਵਿਤਕਰਾ ਨਹੀਂ ਹੋਵੇਗਾ। ਇਸ ਮੌਕੇ ਹੋਰਨਾਂ ਤੋਂ ਇਲਾਵਾ ਕਈ ਆਗੂ ਅਤੇ ਪਿੰਡ ਵਾਸੀ ਵੀ ਹਾਜ਼ਰ ਸਨ। ਪ੍ਰੋਗਰਾਮ ਦੇ ਅੰਤ ਵਿਚ ਸਾਰਿਆਂ ਦਾ ਧੰਨਵਾਦ ਕੀਤਾ ਗਿਆ ਅਤੇ ਅਗਲੀ ਮੀਟਿੰਗ ਦੀ ਤਾਰੀਖ ਤੈਅ ਕੀਤੀ ਗਈ। ਇਸ ਸਬੰਧੀ ਜਾਣਕਾਰੀ ਦਿੰਦਿਆਂ ਉਨ੍ਹਾਂ ਦੱਸਿਆ ਕਿ ਸਮਾਗਮ ਦੌਰਾਨ ਵੱਡੀ ਗਿਣਤੀ ਵਿਚ ਲੋਕ ਹਾਜ਼ਰ ਸਨ ਅਤੇ ਪ੍ਰਬੰਧਕਾਂ ਵਲੋਂ ਸਾਰੇ ਪਤਵੰਤਿਆਂ ਦਾ ਸਨਮਾਨ ਕੀਤਾ ਗਿਆ।
जी.बी.आई. स्कूल नाभा द्वारा निकाली गई सफाई जागरूकता रैली का दृश्य।
ਪਟਿਆਲਾ, 9 ਨਵੰਬਰ (ਪ੍ਰਤੀਨਿਧੀ) — ਇਸ ਸਬੰਧੀ ਜਾਣਕਾਰੀ ਦਿੰਦਿਆਂ ਉਨ੍ਹਾਂ ਦੱਸਿਆ ਕਿ ਸਮਾਗਮ ਦੌਰਾਨ ਵੱਡੀ ਗਿਣਤੀ ਵਿਚ ਲੋਕ ਹਾਜ਼ਰ ਸਨ ਅਤੇ ਪ੍ਰਬੰਧਕਾਂ ਵਲੋਂ ਸਾਰੇ ਪਤਵੰਤਿਆਂ ਦਾ ਸਨਮਾਨ ਕੀਤਾ ਗਿਆ। ਇਸ ਮੌਕੇ ਉਨ੍ਹਾਂ ਨੇ ਕਿਹਾ ਕਿ ਸਰਕਾਰ ਲੋਕਾਂ ਦੀ ਭਲਾਈ ਲਈ ਵਚਨਬੱਧ ਹੈ ਅਤੇ ਹਰ ਵਰਗ ਨੂੰ ਨਾਲ ਲੈ ਕੇ ਚੱਲਿਆ ਜਾਵੇਗਾ। ਉਨ੍ਹਾਂ ਨੇ ਅੱਗੇ ਕਿਹਾ ਕਿ ਇਲਾਕੇ ਦੇ ਵਿਕਾਸ ਕਾਰਜ ਤੇਜ਼ੀ ਨਾਲ ਪੂਰੇ ਕੀਤੇ ਜਾਣਗੇ ਅਤੇ ਕਿਸੇ ਨਾਲ ਵੀ ਵਿਤਕਰਾ ਨਹੀਂ ਹੋਵੇਗਾ। ਇਸ ਮੌਕੇ ਹੋਰਨਾਂ ਤੋਂ ਇਲਾਵਾ ਕਈ ਆਗੂ ਅਤੇ ਪਿੰਡ ਵਾਸੀ ਵੀ ਹਾਜ਼ਰ ਸਨ। ਪ੍ਰੋਗਰਾਮ ਦੇ ਅੰਤ ਵਿਚ ਸਾਰਿਆਂ ਦਾ ਧੰਨਵਾਦ ਕੀਤਾ ਗਿਆ ਅਤੇ ਅਗਲੀ ਮੀਟਿੰਗ ਦੀ ਤਾਰੀਖ ਤੈਅ ਕੀਤੀ ਗਈ। ਇਸ ਸਬੰਧੀ ਜਾਣਕਾਰੀ ਦਿੰਦਿਆਂ ਉਨ੍ਹਾਂ ਦੱਸਿਆ ਕਿ ਸਮਾਗਮ ਦੌਰਾਨ ਵੱਡੀ ਗਿਣਤੀ ਵਿਚ ਲੋਕ ਹਾਜ਼ਰ ਸਨ ਅਤੇ ਪ੍ਰਬੰਧਕਾਂ ਵਲੋਂ ਸਾਰੇ ਪਤਵੰਤਿਆਂ ਦਾ ਸਨਮਾਨ ਕੀਤਾ ਗਿਆ। ਇਸ ਮੌਕੇ ਉਨ੍ਹਾਂ ਨੇ ਕਿਹਾ ਕਿ ਸਰਕਾਰ ਲੋਕਾਂ ਦੀ ਭਲਾਈ ਲਈ ਵਚਨਬੱਧ ਹੈ ਅਤੇ ਹਰ ਵਰਗ ਨੂੰ ਨਾਲ ਲੈ ਕੇ ਚੱਲਿਆ ਜਾਵੇਗਾ। ਉਨ੍ਹਾਂ ਨੇ ਅੱਗੇ ਕਿਹਾ ਕਿ ਇਲਾਕੇ ਦੇ ਵਿਕਾਸ ਕਾਰਜ ਤੇਜ਼ੀ ਨਾਲ ਪੂਰੇ ਕੀਤੇ ਜਾਣਗੇ ਅਤੇ ਕਿਸੇ ਨਾਲ ਵੀ ਵਿਤਕਰਾ ਨਹੀਂ ਹੋਵੇਗਾ। ਇਸ ਮੌਕੇ ਹੋਰਨਾਂ ਤੋਂ ਇਲਾਵਾ ਕਈ ਆਗੂ ਅਤੇ ਪਿੰਡ ਵਾਸੀ ਵੀ ਹਾਜ਼ਰ ਸਨ। ਪ੍ਰੋਗਰਾਮ ਦੇ ਅੰਤ ਵਿਚ ਸਾਰਿਆਂ ਦਾ ਧੰਨਵਾਦ ਕੀਤਾ ਗਿਆ ਅਤੇ ਅਗਲੀ ਮੀਟਿੰਗ ਦੀ ਤਾਰੀਖ ਤੈਅ ਕੀਤੀ ਗਈ। ਇਸ ਸਬੰਧੀ ਜਾਣਕਾਰੀ ਦਿੰਦਿਆਂ ਉਨ੍ਹਾਂ ਦੱਸਿਆ ਕਿ ਸਮਾਗਮ ਦੌਰਾਨ ਵੱਡੀ ਗਿਣਤੀ ਵਿਚ ਲੋਕ ਹਾਜ਼ਰ ਸਨ ਅਤੇ ਪ੍ਰਬੰਧਕਾਂ ਵਲੋਂ ਸਾਰੇ ਪਤਵੰਤਿਆਂ ਦਾ ਸਨਮਾਨ ਕੀਤਾ ਗਿਆ।
ਪਟਿਆਲਾ, 9 ਨਵੰਬਰ (ਪ੍ਰਤੀਨਿਧੀ) — ਇਸ ਸਬੰਧੀ ਜਾਣਕਾਰੀ ਦਿੰਦਿਆਂ ਉਨ੍ਹਾਂ ਦੱਸਿਆ ਕਿ ਸਮਾਗਮ ਦੌਰਾਨ ਵੱਡੀ ਗਿਣਤੀ ਵਿਚ ਲੋਕ ਹਾਜ਼ਰ ਸਨ ਅਤੇ ਪ੍ਰਬੰਧਕਾਂ ਵਲੋਂ ਸਾਰੇ ਪਤਵੰਤਿਆਂ ਦਾ ਸਨਮਾਨ ਕੀਤਾ ਗਿਆ। ਇਸ ਮੌਕੇ ਉਨ੍ਹਾਂ ਨੇ ਕਿਹਾ ਕਿ ਸਰਕਾਰ ਲੋਕਾਂ ਦੀ ਭਲਾਈ ਲਈ ਵਚਨਬੱਧ ਹੈ ਅਤੇ ਹਰ ਵਰਗ ਨੂੰ ਨਾਲ ਲੈ ਕੇ ਚੱਲਿਆ ਜਾਵੇਗਾ। ਉਨ੍ਹਾਂ ਨੇ ਅੱਗੇ ਕਿਹਾ ਕਿ ਇਲਾਕੇ ਦੇ ਵਿਕਾਸ ਕਾਰਜ ਤੇਜ਼ੀ ਨਾਲ ਪੂਰੇ ਕੀਤੇ ਜਾਣਗੇ ਅਤੇ ਕਿਸੇ ਨਾਲ ਵੀ ਵਿਤਕਰਾ ਨਹੀਂ ਹੋਵੇਗਾ। ਇਸ ਮੌਕੇ ਹੋਰਨਾਂ ਤੋਂ ਇਲਾਵਾ ਕਈ ਆਗੂ ਅਤੇ ਪਿੰਡ ਵਾਸੀ ਵੀ ਹਾਜ਼ਰ ਸਨ। ਪ੍ਰੋਗਰਾਮ ਦੇ ਅੰਤ ਵਿਚ ਸਾਰਿਆਂ ਦਾ ਧੰਨਵਾਦ ਕੀਤਾ ਗਿਆ ਅਤੇ ਅਗਲੀ ਮੀਟਿੰਗ ਦੀ ਤਾਰੀਖ ਤੈਅ ਕੀਤੀ ਗਈ। ਇਸ ਸਬੰਧੀ ਜਾਣਕਾਰੀ ਦਿੰਦਿਆਂ ਉਨ੍ਹਾਂ ਦੱਸਿਆ ਕਿ ਸਮਾਗਮ ਦੌਰਾਨ ਵੱਡੀ ਗਿਣਤੀ ਵਿਚ ਲੋਕ ਹਾਜ਼ਰ ਸਨ ਅਤੇ ਪ੍ਰਬੰਧਕਾਂ ਵਲੋਂ ਸਾਰੇ ਪਤਵੰਤਿਆਂ ਦਾ ਸਨਮਾਨ ਕੀਤਾ ਗਿਆ। ਇਸ ਮੌਕੇ ਉਨ੍ਹਾਂ ਨੇ ਕਿਹਾ ਕਿ ਸਰਕਾਰ ਲੋਕਾਂ ਦੀ ਭਲਾਈ ਲਈ ਵਚਨਬੱਧ ਹੈ ਅਤੇ ਹਰ ਵਰਗ ਨੂੰ ਨਾਲ ਲੈ ਕੇ ਚੱਲਿਆ ਜਾਵੇਗਾ। ਉਨ੍ਹਾਂ ਨੇ ਅੱਗੇ ਕਿਹਾ ਕਿ ਇਲਾਕੇ ਦੇ ਵਿਕਾਸ ਕਾਰਜ ਤੇਜ਼ੀ ਨਾਲ ਪੂਰੇ ਕੀਤੇ ਜਾਣਗੇ ਅਤੇ ਕਿਸੇ ਨਾਲ ਵੀ ਵਿਤਕਰਾ ਨਹੀਂ ਹੋਵੇਗਾ। ਇਸ ਮੌਕੇ ਹੋਰਨਾਂ ਤੋਂ ਇਲਾਵਾ ਕਈ ਆਗੂ ਅਤੇ ਪਿੰਡ ਵਾਸੀ ਵੀ ਹਾਜ਼ਰ ਸਨ। ਪ੍ਰੋਗਰਾਮ ਦੇ ਅੰਤ ਵਿਚ ਸਾਰਿਆਂ ਦਾ ਧੰਨਵਾਦ ਕੀਤਾ ਗਿਆ ਅਤੇ ਅਗਲੀ ਮੀਟਿੰਗ ਦੀ ਤਾਰੀਖ ਤੈਅ ਕੀਤੀ ਗਈ। ਇਸ ਸਬੰਧੀ ਜਾਣਕਾਰੀ ਦਿੰਦਿਆਂ ਉਨ੍ਹਾਂ ਦੱਸਿਆ ਕਿ ਸਮਾਗਮ ਦੌਰਾਨ ਵੱਡੀ ਗਿਣਤੀ ਵਿਚ ਲੋਕ ਹਾਜ਼ਰ ਸਨ ਅਤੇ ਪ੍ਰਬੰਧਕਾਂ ਵਲੋਂ ਸਾਰੇ ਪਤਵੰਤਿਆਂ ਦਾ ਸਨਮਾਨ ਕੀਤਾ ਗਿਆ।
राष्ट्रीय गीत वंदे मातरम राष्ट्र की सभ्यता, राजनीतिक और सांस्कृतिक चेतना का एक अभिन्न अंग : नरेंद्र कुमार
सरीन के एस.एस.एस.एम. कॉलेज में आयोजित कार्यक्रम में मौजूद अध्यक्ष व अन्य।
ਪਟਿਆਲਾ, 9 ਨਵੰਬਰ (ਪ੍ਰਤੀਨਿਧੀ) — ਇਸ ਸਬੰਧੀ ਜਾਣਕਾਰੀ ਦਿੰਦਿਆਂ ਉਨ੍ਹਾਂ ਦੱਸਿਆ ਕਿ ਸਮਾਗਮ ਦੌਰਾਨ ਵੱਡੀ ਗਿਣਤੀ ਵਿਚ ਲੋਕ ਹਾਜ਼ਰ ਸਨ ਅਤੇ ਪ੍ਰਬੰਧਕਾਂ ਵਲੋਂ ਸਾਰੇ ਪਤਵੰਤਿਆਂ ਦਾ ਸਨਮਾਨ ਕੀਤਾ ਗਿਆ। ਇਸ ਮੌਕੇ ਉਨ੍ਹਾਂ ਨੇ ਕਿਹਾ ਕਿ ਸਰਕਾਰ ਲੋਕਾਂ ਦੀ ਭਲਾਈ ਲਈ ਵਚਨਬੱਧ ਹੈ ਅਤੇ ਹਰ ਵਰਗ ਨੂੰ ਨਾਲ ਲੈ ਕੇ ਚੱਲਿਆ ਜਾਵੇਗਾ। ਉਨ੍ਹਾਂ ਨੇ ਅੱਗੇ ਕਿਹਾ ਕਿ ਇਲਾਕੇ ਦੇ ਵਿਕਾਸ ਕਾਰਜ ਤੇਜ਼ੀ ਨਾਲ ਪੂਰੇ ਕੀਤੇ ਜਾਣਗੇ ਅਤੇ ਕਿਸੇ ਨਾਲ ਵੀ ਵਿਤਕਰਾ ਨਹੀਂ ਹੋਵੇਗਾ। ਇਸ ਮੌਕੇ ਹੋਰਨਾਂ ਤੋਂ ਇਲਾਵਾ ਕਈ ਆਗੂ ਅਤੇ ਪਿੰਡ ਵਾਸੀ ਵੀ ਹਾਜ਼ਰ ਸਨ। ਪ੍ਰੋਗਰਾਮ ਦੇ ਅੰਤ ਵਿਚ ਸਾਰਿਆਂ ਦਾ ਧੰਨਵਾਦ ਕੀਤਾ ਗਿਆ ਅਤੇ ਅਗਲੀ ਮੀਟਿੰਗ ਦੀ ਤਾਰੀਖ ਤੈਅ ਕੀਤੀ ਗਈ। ਇਸ ਸਬੰਧੀ ਜਾਣਕਾਰੀ ਦਿੰਦਿਆਂ ਉਨ੍ਹਾਂ ਦੱਸਿਆ ਕਿ ਸਮਾਗਮ ਦੌਰਾਨ ਵੱਡੀ ਗਿਣਤੀ ਵਿਚ ਲੋਕ ਹਾਜ਼ਰ ਸਨ ਅਤੇ ਪ੍ਰਬੰਧਕਾਂ ਵਲੋਂ ਸਾਰੇ ਪਤਵੰਤਿਆਂ ਦਾ ਸਨਮਾਨ ਕੀਤਾ ਗਿਆ। ਇਸ ਮੌਕੇ ਉਨ੍ਹਾਂ ਨੇ ਕਿਹਾ ਕਿ ਸਰਕਾਰ ਲੋਕਾਂ ਦੀ ਭਲਾਈ ਲਈ ਵਚਨਬੱਧ ਹੈ ਅਤੇ ਹਰ ਵਰਗ ਨੂੰ ਨਾਲ ਲੈ ਕੇ ਚੱਲਿਆ ਜਾਵੇਗਾ। ਉਨ੍ਹਾਂ ਨੇ ਅੱਗੇ ਕਿਹਾ ਕਿ ਇਲਾਕੇ ਦੇ ਵਿਕਾਸ ਕਾਰਜ ਤੇਜ਼ੀ ਨਾਲ ਪੂਰੇ ਕੀਤੇ ਜਾਣਗੇ ਅਤੇ ਕਿਸੇ ਨਾਲ ਵੀ ਵਿਤਕਰਾ ਨਹੀਂ ਹੋਵੇਗਾ। ਇਸ ਮੌਕੇ ਹੋਰਨਾਂ ਤੋਂ ਇਲਾਵਾ ਕਈ ਆਗੂ ਅਤੇ ਪਿੰਡ ਵਾਸੀ ਵੀ ਹਾਜ਼ਰ ਸਨ। ਪ੍ਰੋਗਰਾਮ ਦੇ ਅੰਤ ਵਿਚ ਸਾਰਿਆਂ ਦਾ ਧੰਨਵਾਦ ਕੀਤਾ ਗਿਆ ਅਤੇ ਅਗਲੀ ਮੀਟਿੰਗ ਦੀ ਤਾਰੀਖ ਤੈਅ ਕੀਤੀ ਗਈ। ਇਸ ਸਬੰਧੀ ਜਾਣਕਾਰੀ ਦਿੰਦਿਆਂ ਉਨ੍ਹਾਂ ਦੱਸਿਆ ਕਿ ਸਮਾਗਮ ਦੌਰਾਨ ਵੱਡੀ ਗਿਣਤੀ ਵਿਚ ਲੋਕ ਹਾਜ਼ਰ ਸਨ ਅਤੇ ਪ੍ਰਬੰਧਕਾਂ ਵਲੋਂ ਸਾਰੇ ਪਤਵੰਤਿਆਂ ਦਾ ਸਨਮਾਨ ਕੀਤਾ ਗਿਆ।
ਪਟਿਆਲਾ, 9 ਨਵੰਬਰ (ਪ੍ਰਤੀਨਿਧੀ) — ਇਸ ਸਬੰਧੀ ਜਾਣਕਾਰੀ ਦਿੰਦਿਆਂ ਉਨ੍ਹਾਂ ਦੱਸਿਆ ਕਿ ਸਮਾਗਮ ਦੌਰਾਨ ਵੱਡੀ ਗਿਣਤੀ ਵਿਚ ਲੋਕ ਹਾਜ਼ਰ ਸਨ ਅਤੇ ਪ੍ਰਬੰਧਕਾਂ ਵਲੋਂ ਸਾਰੇ ਪਤਵੰਤਿਆਂ ਦਾ ਸਨਮਾਨ ਕੀਤਾ ਗਿਆ। ਇਸ ਮੌਕੇ ਉਨ੍ਹਾਂ ਨੇ ਕਿਹਾ ਕਿ ਸਰਕਾਰ ਲੋਕਾਂ ਦੀ ਭਲਾਈ ਲਈ ਵਚਨਬੱਧ ਹੈ ਅਤੇ ਹਰ ਵਰਗ ਨੂੰ ਨਾਲ ਲੈ ਕੇ ਚੱਲਿਆ ਜਾਵੇਗਾ। ਉਨ੍ਹਾਂ ਨੇ ਅੱਗੇ ਕਿਹਾ ਕਿ ਇਲਾਕੇ ਦੇ ਵਿਕਾਸ ਕਾਰਜ ਤੇਜ਼ੀ ਨਾਲ ਪੂਰੇ ਕੀਤੇ ਜਾਣਗੇ ਅਤੇ ਕਿਸੇ ਨਾਲ ਵੀ ਵਿਤਕਰਾ ਨਹੀਂ ਹੋਵੇਗਾ। ਇਸ ਮੌਕੇ ਹੋਰਨਾਂ ਤੋਂ ਇਲਾਵਾ ਕਈ ਆਗੂ ਅਤੇ ਪਿੰਡ ਵਾਸੀ ਵੀ ਹਾਜ਼ਰ ਸਨ। ਪ੍ਰੋਗਰਾਮ ਦੇ ਅੰਤ ਵਿਚ ਸਾਰਿਆਂ ਦਾ ਧੰਨਵਾਦ ਕੀਤਾ ਗਿਆ ਅਤੇ ਅਗਲੀ ਮੀਟਿੰਗ ਦੀ ਤਾਰੀਖ ਤੈਅ ਕੀਤੀ ਗਈ। ਇਸ ਸਬੰਧੀ ਜਾਣਕਾਰੀ ਦਿੰਦਿਆਂ ਉਨ੍ਹਾਂ ਦੱਸਿਆ ਕਿ ਸਮਾਗਮ ਦੌਰਾਨ ਵੱਡੀ ਗਿਣਤੀ ਵਿਚ ਲੋਕ ਹਾਜ਼ਰ ਸਨ ਅਤੇ ਪ੍ਰਬੰਧਕਾਂ ਵਲੋਂ ਸਾਰੇ ਪਤਵੰਤਿਆਂ ਦਾ ਸਨਮਾਨ ਕੀਤਾ ਗਿਆ। ਇਸ ਮੌਕੇ ਉਨ੍ਹਾਂ ਨੇ ਕਿਹਾ ਕਿ ਸਰਕਾਰ ਲੋਕਾਂ ਦੀ ਭਲਾਈ ਲਈ ਵਚਨਬੱਧ ਹੈ ਅਤੇ ਹਰ ਵਰਗ ਨੂੰ ਨਾਲ ਲੈ ਕੇ ਚੱਲਿਆ ਜਾਵੇਗਾ। ਉਨ੍ਹਾਂ ਨੇ ਅੱਗੇ ਕਿਹਾ ਕਿ ਇਲਾਕੇ ਦੇ ਵਿਕਾਸ ਕਾਰਜ ਤੇਜ਼ੀ ਨਾਲ ਪੂਰੇ ਕੀਤੇ ਜਾਣਗੇ ਅਤੇ ਕਿਸੇ ਨਾਲ ਵੀ ਵਿਤਕਰਾ ਨਹੀਂ ਹੋਵੇਗਾ। ਇਸ ਮੌਕੇ ਹੋਰਨਾਂ ਤੋਂ ਇਲਾਵਾ ਕਈ ਆਗੂ ਅਤੇ ਪਿੰਡ ਵਾਸੀ ਵੀ ਹਾਜ਼ਰ ਸਨ। ਪ੍ਰੋਗਰਾਮ ਦੇ ਅੰਤ ਵਿਚ ਸਾਰਿਆਂ ਦਾ ਧੰਨਵਾਦ ਕੀਤਾ ਗਿਆ ਅਤੇ ਅਗਲੀ ਮੀਟਿੰਗ ਦੀ ਤਾਰੀਖ ਤੈਅ ਕੀਤੀ ਗਈ। ਇਸ ਸਬੰਧੀ ਜਾਣਕਾਰੀ ਦਿੰਦਿਆਂ ਉਨ੍ਹਾਂ ਦੱਸਿਆ ਕਿ ਸਮਾਗਮ ਦੌਰਾਨ ਵੱਡੀ ਗਿਣਤੀ ਵਿਚ ਲੋਕ ਹਾਜ਼ਰ ਸਨ ਅਤੇ ਪ੍ਰਬੰਧਕਾਂ ਵਲੋਂ ਸਾਰੇ ਪਤਵੰਤਿਆਂ ਦਾ ਸਨਮਾਨ ਕੀਤਾ ਗਿਆ।
अमल सोसायटी की हुई बैठक में शामिल सदस्य।
अमल सोसायटी की हुई एक विशेष बैठक
ਪਟਿਆਲਾ, 9 ਨਵੰਬਰ (ਪ੍ਰਤੀਨਿਧੀ) — ਇਸ ਸਬੰਧੀ ਜਾਣਕਾਰੀ ਦਿੰਦਿਆਂ ਉਨ੍ਹਾਂ ਦੱਸਿਆ ਕਿ ਸਮਾਗਮ ਦੌਰਾਨ ਵੱਡੀ ਗਿਣਤੀ ਵਿਚ ਲੋਕ ਹਾਜ਼ਰ ਸਨ ਅਤੇ ਪ੍ਰਬੰਧਕਾਂ ਵਲੋਂ ਸਾਰੇ ਪਤਵੰਤਿਆਂ ਦਾ ਸਨਮਾਨ ਕੀਤਾ ਗਿਆ। ਇਸ ਮੌਕੇ ਉਨ੍ਹਾਂ ਨੇ ਕਿਹਾ ਕਿ ਸਰਕਾਰ ਲੋਕਾਂ ਦੀ ਭਲਾਈ ਲਈ ਵਚਨਬੱਧ ਹੈ ਅਤੇ ਹਰ ਵਰਗ ਨੂੰ ਨਾਲ ਲੈ ਕੇ ਚੱਲਿਆ ਜਾਵੇਗਾ। ਉਨ੍ਹਾਂ ਨੇ ਅੱਗੇ ਕਿਹਾ ਕਿ ਇਲਾਕੇ ਦੇ ਵਿਕਾਸ ਕਾਰਜ ਤੇਜ਼ੀ ਨਾਲ ਪੂਰੇ ਕੀਤੇ ਜਾਣਗੇ ਅਤੇ ਕਿਸੇ ਨਾਲ ਵੀ ਵਿਤਕਰਾ ਨਹੀਂ ਹੋਵੇਗਾ। ਇਸ ਮੌਕੇ ਹੋਰਨਾਂ ਤੋਂ ਇਲਾਵਾ ਕਈ ਆਗੂ ਅਤੇ ਪਿੰਡ ਵਾਸੀ ਵੀ ਹਾਜ਼ਰ ਸਨ। ਪ੍ਰੋਗਰਾਮ ਦੇ ਅੰਤ ਵਿਚ ਸਾਰਿਆਂ ਦਾ ਧੰਨਵਾਦ ਕੀਤਾ ਗਿਆ ਅਤੇ ਅਗਲੀ ਮੀਟਿੰਗ ਦੀ ਤਾਰੀਖ ਤੈਅ ਕੀਤੀ ਗਈ। ਇਸ ਸਬੰਧੀ ਜਾਣਕਾਰੀ ਦਿੰਦਿਆਂ ਉਨ੍ਹਾਂ ਦੱਸਿਆ ਕਿ ਸਮਾਗਮ ਦੌਰਾਨ ਵੱਡੀ ਗਿਣਤੀ ਵਿਚ ਲੋਕ ਹਾਜ਼ਰ ਸਨ ਅਤੇ ਪ੍ਰਬੰਧਕਾਂ ਵਲੋਂ ਸਾਰੇ ਪਤਵੰਤਿਆਂ ਦਾ ਸਨਮਾਨ ਕੀਤਾ ਗਿਆ। ਇਸ ਮੌਕੇ ਉਨ੍ਹਾਂ ਨੇ ਕਿਹਾ ਕਿ ਸਰਕਾਰ ਲੋਕਾਂ ਦੀ ਭਲਾਈ ਲਈ ਵਚਨਬੱਧ ਹੈ ਅਤੇ ਹਰ ਵਰਗ ਨੂੰ ਨਾਲ ਲੈ ਕੇ ਚੱਲਿਆ ਜਾਵੇਗਾ। ਉਨ੍ਹਾਂ ਨੇ ਅੱਗੇ ਕਿਹਾ ਕਿ ਇਲਾਕੇ ਦੇ ਵਿਕਾਸ ਕਾਰਜ ਤੇਜ਼ੀ ਨਾਲ ਪੂਰੇ ਕੀਤੇ ਜਾਣਗੇ ਅਤੇ ਕਿਸੇ ਨਾਲ ਵੀ ਵਿਤਕਰਾ ਨਹੀਂ ਹੋਵੇਗਾ। ਇਸ ਮੌਕੇ ਹੋਰਨਾਂ ਤੋਂ ਇਲਾਵਾ ਕਈ ਆਗੂ ਅਤੇ ਪਿੰਡ ਵਾਸੀ ਵੀ ਹਾਜ਼ਰ ਸਨ। ਪ੍ਰੋਗਰਾਮ ਦੇ ਅੰਤ ਵਿਚ ਸਾਰਿਆਂ ਦਾ ਧੰਨਵਾਦ ਕੀਤਾ ਗਿਆ ਅਤੇ ਅਗਲੀ ਮੀਟਿੰਗ ਦੀ ਤਾਰੀਖ ਤੈਅ ਕੀਤੀ ਗਈ। ਇਸ ਸਬੰਧੀ ਜਾਣਕਾਰੀ ਦਿੰਦਿਆਂ ਉਨ੍ਹਾਂ ਦੱਸਿਆ ਕਿ ਸਮਾਗਮ ਦੌਰਾਨ ਵੱਡੀ ਗਿਣਤੀ ਵਿਚ ਲੋਕ ਹਾਜ਼ਰ ਸਨ ਅਤੇ ਪ੍ਰਬੰਧਕਾਂ ਵਲੋਂ ਸਾਰੇ ਪਤਵੰਤਿਆਂ ਦਾ ਸਨਮਾਨ ਕੀਤਾ ਗਿਆ।
